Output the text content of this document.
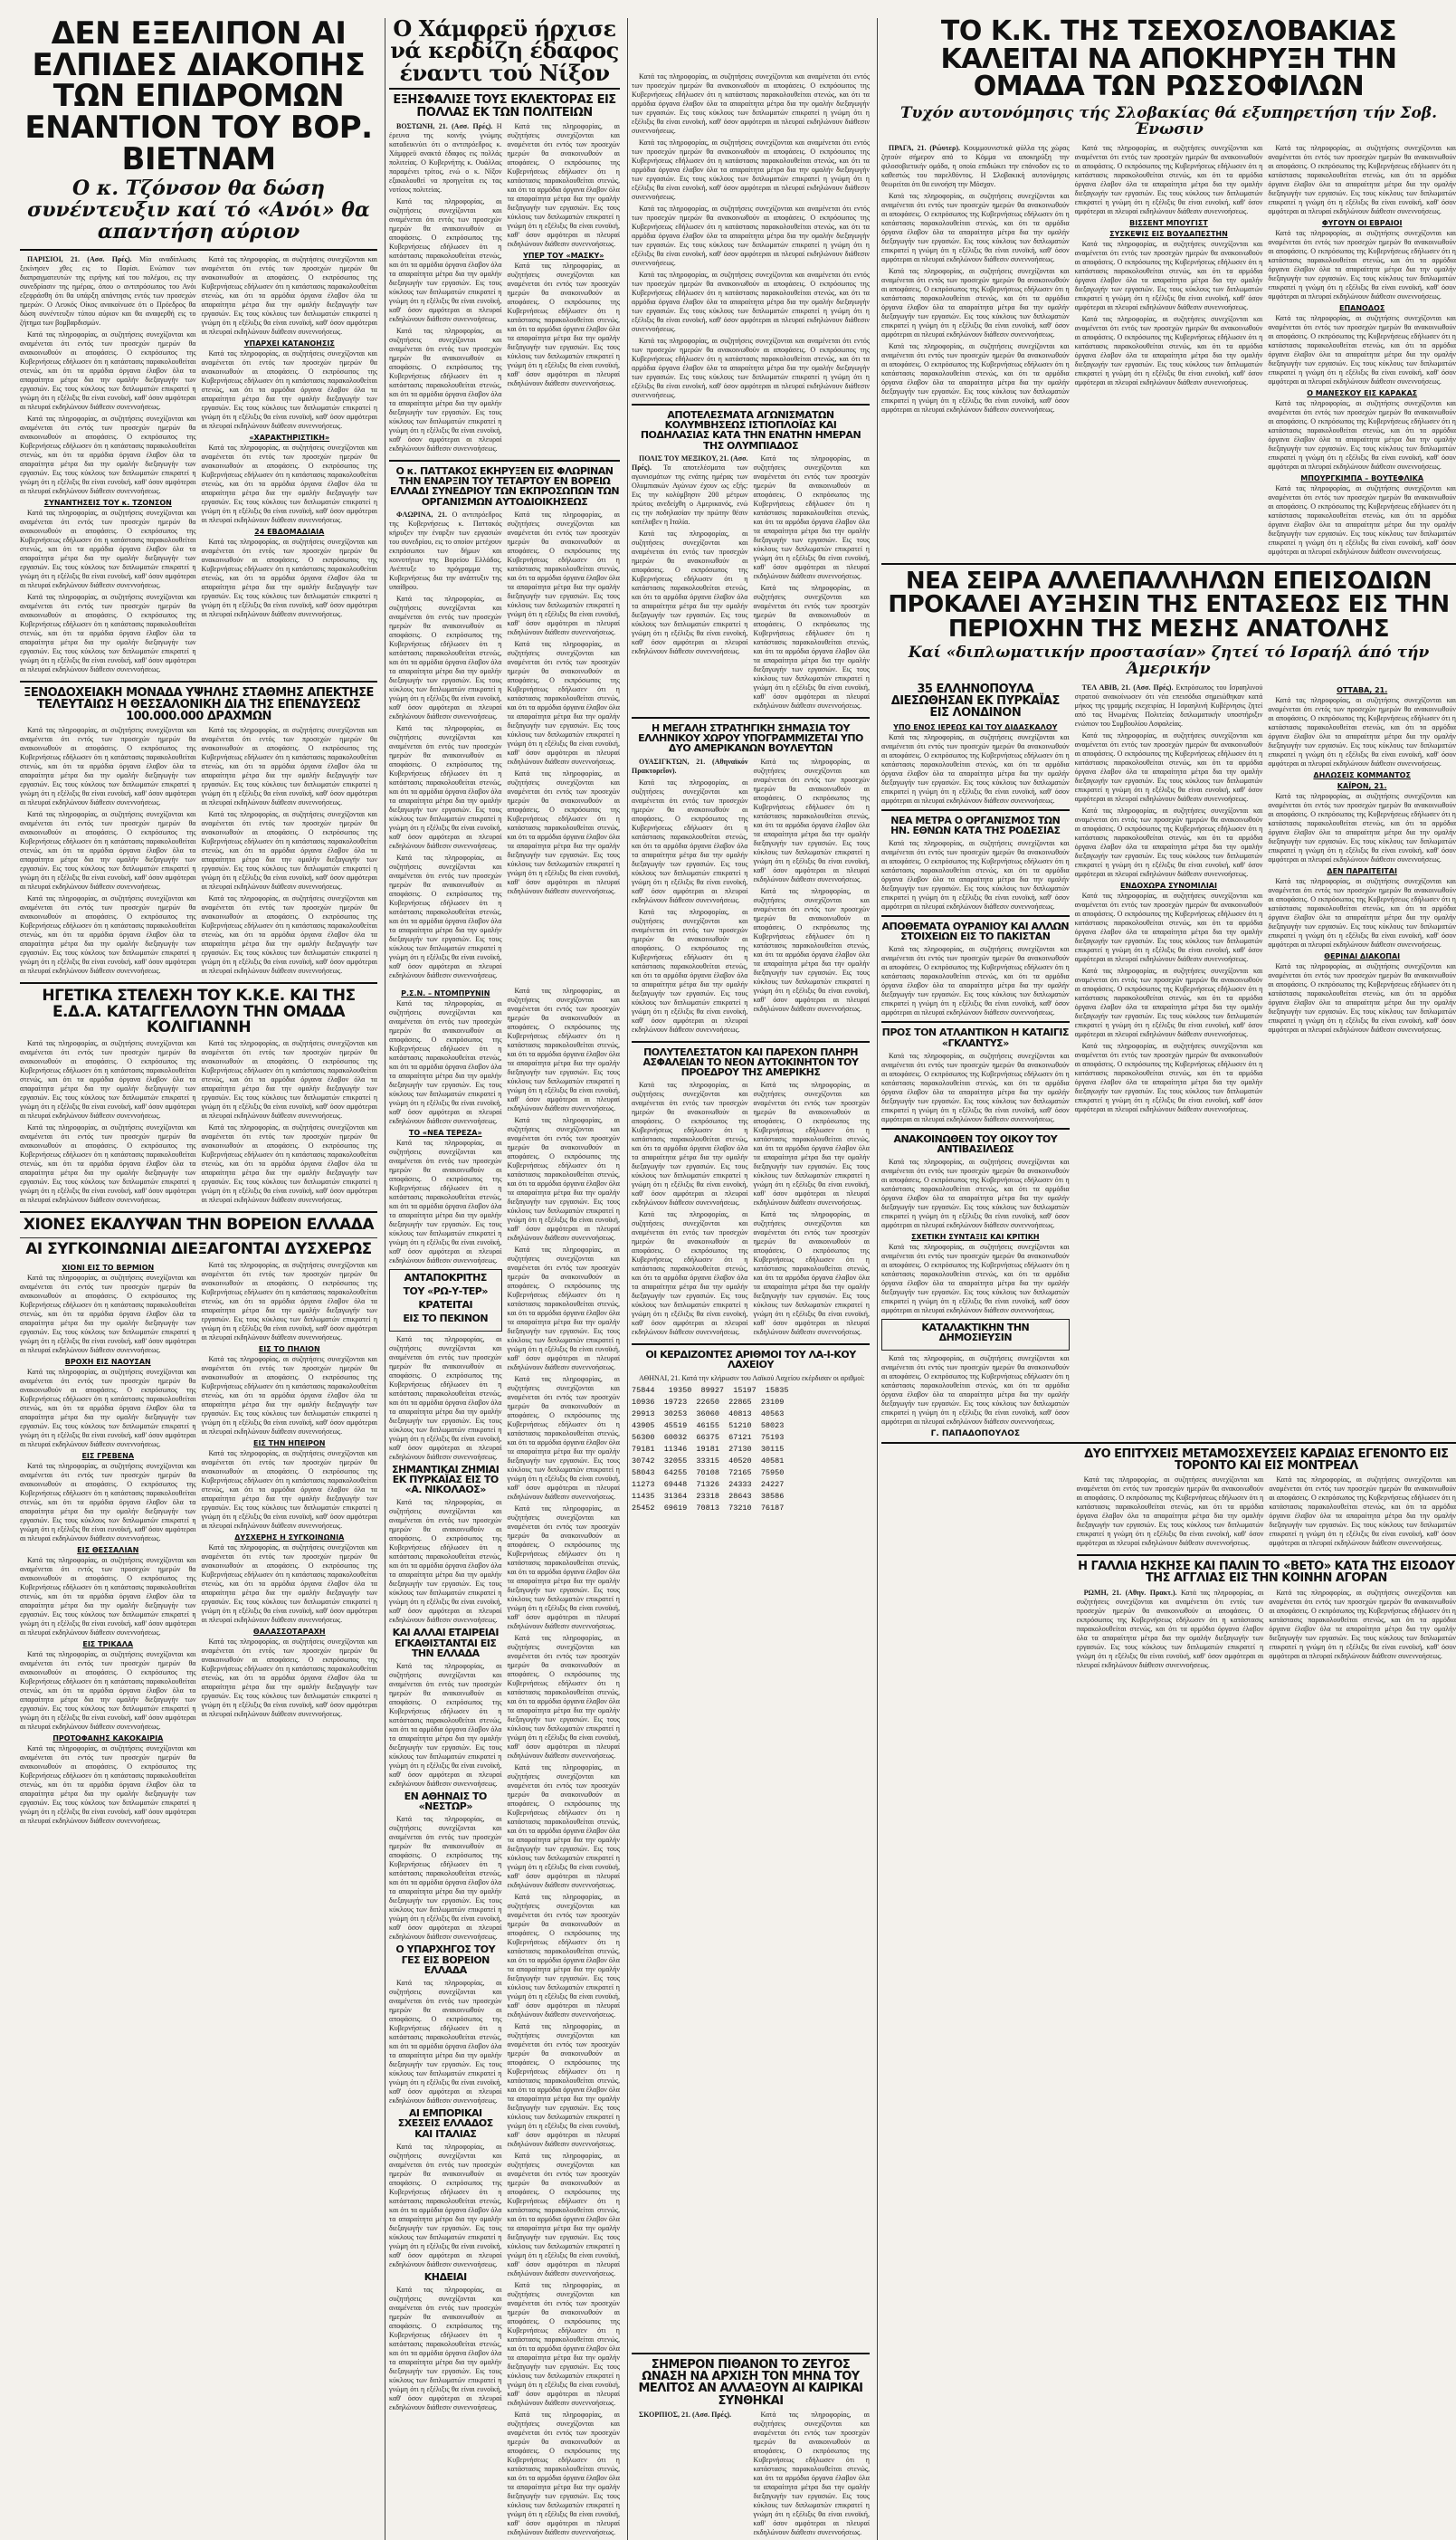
ΔΕΝ ΕΞΕΛΙΠΟΝ ΑΙ ΕΛΠΙΔΕΣ ΔΙΑΚΟΠΗΣ ΤΩΝ ΕΠΙΔΡΟΜΩΝ ΕΝΑΝΤΙΟΝ ΤΟΥ ΒΟΡ. ΒΙΕΤΝΑΜ
Ο κ. Τζόνσον θα δώση συνέντευξιν καί τό «Ανόι» θα απαντήση αύριον

ΠΑΡΙΣΙΟΙ, 21. (Ασσ. Πρές). Μία αναδίπλωσις ξεκίνησεν χθες εις το Παρίσι. Ενώπιον των διαπραγματευτών της ειρήνης καί του πολέμου, εις την συνεδρίασιν της ημέρας, όπου ο αντιπρόσωπος του Ανόι εξεφράσθη ότι θα υπάρξη απάντησις εντός των προσεχών ημερών. Ο Λευκός Οίκος ανακοίνωσε ότι ο Πρόεδρος θα δώση συνέντευξιν τύπου αύριον και θα αναφερθή εις το ζήτημα των βομβαρδισμών.

Κατά τας πληροφορίας, αι συζητήσεις συνεχίζονται και αναμένεται ότι εντός των προσεχών ημερών θα ανακοινωθούν αι αποφάσεις. Ο εκπρόσωπος της Κυβερνήσεως εδήλωσεν ότι η κατάστασις παρακολουθείται στενώς, και ότι τα αρμόδια όργανα έλαβον όλα τα απαραίτητα μέτρα δια την ομαλήν διεξαγωγήν των εργασιών. Εις τους κύκλους των διπλωματών επικρατεί η γνώμη ότι η εξέλιξις θα είναι ευνοϊκή, καθ' όσον αμφότεραι αι πλευραί εκδηλώνουν διάθεσιν συνεννοήσεως.

Κατά τας πληροφορίας, αι συζητήσεις συνεχίζονται και αναμένεται ότι εντός των προσεχών ημερών θα ανακοινωθούν αι αποφάσεις. Ο εκπρόσωπος της Κυβερνήσεως εδήλωσεν ότι η κατάστασις παρακολουθείται στενώς, και ότι τα αρμόδια όργανα έλαβον όλα τα απαραίτητα μέτρα δια την ομαλήν διεξαγωγήν των εργασιών. Εις τους κύκλους των διπλωματών επικρατεί η γνώμη ότι η εξέλιξις θα είναι ευνοϊκή, καθ' όσον αμφότεραι αι πλευραί εκδηλώνουν διάθεσιν συνεννοήσεως.

ΣΥΝΑΝΤΗΣΕΙΣ ΤΟΥ κ. ΤΖΟΝΣΟΝ

Κατά τας πληροφορίας, αι συζητήσεις συνεχίζονται και αναμένεται ότι εντός των προσεχών ημερών θα ανακοινωθούν αι αποφάσεις. Ο εκπρόσωπος της Κυβερνήσεως εδήλωσεν ότι η κατάστασις παρακολουθείται στενώς, και ότι τα αρμόδια όργανα έλαβον όλα τα απαραίτητα μέτρα δια την ομαλήν διεξαγωγήν των εργασιών. Εις τους κύκλους των διπλωματών επικρατεί η γνώμη ότι η εξέλιξις θα είναι ευνοϊκή, καθ' όσον αμφότεραι αι πλευραί εκδηλώνουν διάθεσιν συνεννοήσεως.

Κατά τας πληροφορίας, αι συζητήσεις συνεχίζονται και αναμένεται ότι εντός των προσεχών ημερών θα ανακοινωθούν αι αποφάσεις. Ο εκπρόσωπος της Κυβερνήσεως εδήλωσεν ότι η κατάστασις παρακολουθείται στενώς, και ότι τα αρμόδια όργανα έλαβον όλα τα απαραίτητα μέτρα δια την ομαλήν διεξαγωγήν των εργασιών. Εις τους κύκλους των διπλωματών επικρατεί η γνώμη ότι η εξέλιξις θα είναι ευνοϊκή, καθ' όσον αμφότεραι αι πλευραί εκδηλώνουν διάθεσιν συνεννοήσεως.

Κατά τας πληροφορίας, αι συζητήσεις συνεχίζονται και αναμένεται ότι εντός των προσεχών ημερών θα ανακοινωθούν αι αποφάσεις. Ο εκπρόσωπος της Κυβερνήσεως εδήλωσεν ότι η κατάστασις παρακολουθείται στενώς, και ότι τα αρμόδια όργανα έλαβον όλα τα απαραίτητα μέτρα δια την ομαλήν διεξαγωγήν των εργασιών. Εις τους κύκλους των διπλωματών επικρατεί η γνώμη ότι η εξέλιξις θα είναι ευνοϊκή, καθ' όσον αμφότεραι αι πλευραί εκδηλώνουν διάθεσιν συνεννοήσεως.

ΥΠΑΡΧΕΙ ΚΑΤΑΝΟΗΣΙΣ

Κατά τας πληροφορίας, αι συζητήσεις συνεχίζονται και αναμένεται ότι εντός των προσεχών ημερών θα ανακοινωθούν αι αποφάσεις. Ο εκπρόσωπος της Κυβερνήσεως εδήλωσεν ότι η κατάστασις παρακολουθείται στενώς, και ότι τα αρμόδια όργανα έλαβον όλα τα απαραίτητα μέτρα δια την ομαλήν διεξαγωγήν των εργασιών. Εις τους κύκλους των διπλωματών επικρατεί η γνώμη ότι η εξέλιξις θα είναι ευνοϊκή, καθ' όσον αμφότεραι αι πλευραί εκδηλώνουν διάθεσιν συνεννοήσεως.

«ΧΑΡΑΚΤΗΡΙΣΤΙΚΗ»

Κατά τας πληροφορίας, αι συζητήσεις συνεχίζονται και αναμένεται ότι εντός των προσεχών ημερών θα ανακοινωθούν αι αποφάσεις. Ο εκπρόσωπος της Κυβερνήσεως εδήλωσεν ότι η κατάστασις παρακολουθείται στενώς, και ότι τα αρμόδια όργανα έλαβον όλα τα απαραίτητα μέτρα δια την ομαλήν διεξαγωγήν των εργασιών. Εις τους κύκλους των διπλωματών επικρατεί η γνώμη ότι η εξέλιξις θα είναι ευνοϊκή, καθ' όσον αμφότεραι αι πλευραί εκδηλώνουν διάθεσιν συνεννοήσεως.

24 ΕΒΔΟΜΑΔΙΑΙΑ

Κατά τας πληροφορίας, αι συζητήσεις συνεχίζονται και αναμένεται ότι εντός των προσεχών ημερών θα ανακοινωθούν αι αποφάσεις. Ο εκπρόσωπος της Κυβερνήσεως εδήλωσεν ότι η κατάστασις παρακολουθείται στενώς, και ότι τα αρμόδια όργανα έλαβον όλα τα απαραίτητα μέτρα δια την ομαλήν διεξαγωγήν των εργασιών. Εις τους κύκλους των διπλωματών επικρατεί η γνώμη ότι η εξέλιξις θα είναι ευνοϊκή, καθ' όσον αμφότεραι αι πλευραί εκδηλώνουν διάθεσιν συνεννοήσεως.

ΞΕΝΟΔΟΧΕΙΑΚΗ ΜΟΝΑΔΑ ΥΨΗΛΗΣ ΣΤΑΘΜΗΣ ΑΠΕΚΤΗΣΕ ΤΕΛΕΥΤΑΙΩΣ Η ΘΕΣΣΑΛΟΝΙΚΗ ΔΙΑ ΤΗΣ ΕΠΕΝΔΥΣΕΩΣ 100.000.000 ΔΡΑΧΜΩΝ

Κατά τας πληροφορίας, αι συζητήσεις συνεχίζονται και αναμένεται ότι εντός των προσεχών ημερών θα ανακοινωθούν αι αποφάσεις. Ο εκπρόσωπος της Κυβερνήσεως εδήλωσεν ότι η κατάστασις παρακολουθείται στενώς, και ότι τα αρμόδια όργανα έλαβον όλα τα απαραίτητα μέτρα δια την ομαλήν διεξαγωγήν των εργασιών. Εις τους κύκλους των διπλωματών επικρατεί η γνώμη ότι η εξέλιξις θα είναι ευνοϊκή, καθ' όσον αμφότεραι αι πλευραί εκδηλώνουν διάθεσιν συνεννοήσεως.

Κατά τας πληροφορίας, αι συζητήσεις συνεχίζονται και αναμένεται ότι εντός των προσεχών ημερών θα ανακοινωθούν αι αποφάσεις. Ο εκπρόσωπος της Κυβερνήσεως εδήλωσεν ότι η κατάστασις παρακολουθείται στενώς, και ότι τα αρμόδια όργανα έλαβον όλα τα απαραίτητα μέτρα δια την ομαλήν διεξαγωγήν των εργασιών. Εις τους κύκλους των διπλωματών επικρατεί η γνώμη ότι η εξέλιξις θα είναι ευνοϊκή, καθ' όσον αμφότεραι αι πλευραί εκδηλώνουν διάθεσιν συνεννοήσεως.

Κατά τας πληροφορίας, αι συζητήσεις συνεχίζονται και αναμένεται ότι εντός των προσεχών ημερών θα ανακοινωθούν αι αποφάσεις. Ο εκπρόσωπος της Κυβερνήσεως εδήλωσεν ότι η κατάστασις παρακολουθείται στενώς, και ότι τα αρμόδια όργανα έλαβον όλα τα απαραίτητα μέτρα δια την ομαλήν διεξαγωγήν των εργασιών. Εις τους κύκλους των διπλωματών επικρατεί η γνώμη ότι η εξέλιξις θα είναι ευνοϊκή, καθ' όσον αμφότεραι αι πλευραί εκδηλώνουν διάθεσιν συνεννοήσεως.

Κατά τας πληροφορίας, αι συζητήσεις συνεχίζονται και αναμένεται ότι εντός των προσεχών ημερών θα ανακοινωθούν αι αποφάσεις. Ο εκπρόσωπος της Κυβερνήσεως εδήλωσεν ότι η κατάστασις παρακολουθείται στενώς, και ότι τα αρμόδια όργανα έλαβον όλα τα απαραίτητα μέτρα δια την ομαλήν διεξαγωγήν των εργασιών. Εις τους κύκλους των διπλωματών επικρατεί η γνώμη ότι η εξέλιξις θα είναι ευνοϊκή, καθ' όσον αμφότεραι αι πλευραί εκδηλώνουν διάθεσιν συνεννοήσεως.

Κατά τας πληροφορίας, αι συζητήσεις συνεχίζονται και αναμένεται ότι εντός των προσεχών ημερών θα ανακοινωθούν αι αποφάσεις. Ο εκπρόσωπος της Κυβερνήσεως εδήλωσεν ότι η κατάστασις παρακολουθείται στενώς, και ότι τα αρμόδια όργανα έλαβον όλα τα απαραίτητα μέτρα δια την ομαλήν διεξαγωγήν των εργασιών. Εις τους κύκλους των διπλωματών επικρατεί η γνώμη ότι η εξέλιξις θα είναι ευνοϊκή, καθ' όσον αμφότεραι αι πλευραί εκδηλώνουν διάθεσιν συνεννοήσεως.

Κατά τας πληροφορίας, αι συζητήσεις συνεχίζονται και αναμένεται ότι εντός των προσεχών ημερών θα ανακοινωθούν αι αποφάσεις. Ο εκπρόσωπος της Κυβερνήσεως εδήλωσεν ότι η κατάστασις παρακολουθείται στενώς, και ότι τα αρμόδια όργανα έλαβον όλα τα απαραίτητα μέτρα δια την ομαλήν διεξαγωγήν των εργασιών. Εις τους κύκλους των διπλωματών επικρατεί η γνώμη ότι η εξέλιξις θα είναι ευνοϊκή, καθ' όσον αμφότεραι αι πλευραί εκδηλώνουν διάθεσιν συνεννοήσεως.

ΗΓΕΤΙΚΑ ΣΤΕΛΕΧΗ ΤΟΥ Κ.Κ.Ε. ΚΑΙ ΤΗΣ Ε.Δ.Α. ΚΑΤΑΓΓΕΛΛΟΥΝ ΤΗΝ ΟΜΑΔΑ ΚΟΛΙΓΙΑΝΝΗ

Κατά τας πληροφορίας, αι συζητήσεις συνεχίζονται και αναμένεται ότι εντός των προσεχών ημερών θα ανακοινωθούν αι αποφάσεις. Ο εκπρόσωπος της Κυβερνήσεως εδήλωσεν ότι η κατάστασις παρακολουθείται στενώς, και ότι τα αρμόδια όργανα έλαβον όλα τα απαραίτητα μέτρα δια την ομαλήν διεξαγωγήν των εργασιών. Εις τους κύκλους των διπλωματών επικρατεί η γνώμη ότι η εξέλιξις θα είναι ευνοϊκή, καθ' όσον αμφότεραι αι πλευραί εκδηλώνουν διάθεσιν συνεννοήσεως.

Κατά τας πληροφορίας, αι συζητήσεις συνεχίζονται και αναμένεται ότι εντός των προσεχών ημερών θα ανακοινωθούν αι αποφάσεις. Ο εκπρόσωπος της Κυβερνήσεως εδήλωσεν ότι η κατάστασις παρακολουθείται στενώς, και ότι τα αρμόδια όργανα έλαβον όλα τα απαραίτητα μέτρα δια την ομαλήν διεξαγωγήν των εργασιών. Εις τους κύκλους των διπλωματών επικρατεί η γνώμη ότι η εξέλιξις θα είναι ευνοϊκή, καθ' όσον αμφότεραι αι πλευραί εκδηλώνουν διάθεσιν συνεννοήσεως.

Κατά τας πληροφορίας, αι συζητήσεις συνεχίζονται και αναμένεται ότι εντός των προσεχών ημερών θα ανακοινωθούν αι αποφάσεις. Ο εκπρόσωπος της Κυβερνήσεως εδήλωσεν ότι η κατάστασις παρακολουθείται στενώς, και ότι τα αρμόδια όργανα έλαβον όλα τα απαραίτητα μέτρα δια την ομαλήν διεξαγωγήν των εργασιών. Εις τους κύκλους των διπλωματών επικρατεί η γνώμη ότι η εξέλιξις θα είναι ευνοϊκή, καθ' όσον αμφότεραι αι πλευραί εκδηλώνουν διάθεσιν συνεννοήσεως.

Κατά τας πληροφορίας, αι συζητήσεις συνεχίζονται και αναμένεται ότι εντός των προσεχών ημερών θα ανακοινωθούν αι αποφάσεις. Ο εκπρόσωπος της Κυβερνήσεως εδήλωσεν ότι η κατάστασις παρακολουθείται στενώς, και ότι τα αρμόδια όργανα έλαβον όλα τα απαραίτητα μέτρα δια την ομαλήν διεξαγωγήν των εργασιών. Εις τους κύκλους των διπλωματών επικρατεί η γνώμη ότι η εξέλιξις θα είναι ευνοϊκή, καθ' όσον αμφότεραι αι πλευραί εκδηλώνουν διάθεσιν συνεννοήσεως.

ΧΙΟΝΕΣ ΕΚΑΛΥΨΑΝ ΤΗΝ ΒΟΡΕΙΟΝ ΕΛΛΑΔΑ
ΑΙ ΣΥΓΚΟΙΝΩΝΙΑΙ ΔΙΕΞΑΓΟΝΤΑΙ ΔΥΣΧΕΡΩΣ
ΧΙΟΝΙ ΕΙΣ ΤΟ ΒΕΡΜΙΟΝ

Κατά τας πληροφορίας, αι συζητήσεις συνεχίζονται και αναμένεται ότι εντός των προσεχών ημερών θα ανακοινωθούν αι αποφάσεις. Ο εκπρόσωπος της Κυβερνήσεως εδήλωσεν ότι η κατάστασις παρακολουθείται στενώς, και ότι τα αρμόδια όργανα έλαβον όλα τα απαραίτητα μέτρα δια την ομαλήν διεξαγωγήν των εργασιών. Εις τους κύκλους των διπλωματών επικρατεί η γνώμη ότι η εξέλιξις θα είναι ευνοϊκή, καθ' όσον αμφότεραι αι πλευραί εκδηλώνουν διάθεσιν συνεννοήσεως.

ΒΡΟΧΗ ΕΙΣ ΝΑΟΥΣΑΝ

Κατά τας πληροφορίας, αι συζητήσεις συνεχίζονται και αναμένεται ότι εντός των προσεχών ημερών θα ανακοινωθούν αι αποφάσεις. Ο εκπρόσωπος της Κυβερνήσεως εδήλωσεν ότι η κατάστασις παρακολουθείται στενώς, και ότι τα αρμόδια όργανα έλαβον όλα τα απαραίτητα μέτρα δια την ομαλήν διεξαγωγήν των εργασιών. Εις τους κύκλους των διπλωματών επικρατεί η γνώμη ότι η εξέλιξις θα είναι ευνοϊκή, καθ' όσον αμφότεραι αι πλευραί εκδηλώνουν διάθεσιν συνεννοήσεως.

ΕΙΣ ΓΡΕΒΕΝΑ

Κατά τας πληροφορίας, αι συζητήσεις συνεχίζονται και αναμένεται ότι εντός των προσεχών ημερών θα ανακοινωθούν αι αποφάσεις. Ο εκπρόσωπος της Κυβερνήσεως εδήλωσεν ότι η κατάστασις παρακολουθείται στενώς, και ότι τα αρμόδια όργανα έλαβον όλα τα απαραίτητα μέτρα δια την ομαλήν διεξαγωγήν των εργασιών. Εις τους κύκλους των διπλωματών επικρατεί η γνώμη ότι η εξέλιξις θα είναι ευνοϊκή, καθ' όσον αμφότεραι αι πλευραί εκδηλώνουν διάθεσιν συνεννοήσεως.

ΕΙΣ ΘΕΣΣΑΛΙΑΝ

Κατά τας πληροφορίας, αι συζητήσεις συνεχίζονται και αναμένεται ότι εντός των προσεχών ημερών θα ανακοινωθούν αι αποφάσεις. Ο εκπρόσωπος της Κυβερνήσεως εδήλωσεν ότι η κατάστασις παρακολουθείται στενώς, και ότι τα αρμόδια όργανα έλαβον όλα τα απαραίτητα μέτρα δια την ομαλήν διεξαγωγήν των εργασιών. Εις τους κύκλους των διπλωματών επικρατεί η γνώμη ότι η εξέλιξις θα είναι ευνοϊκή, καθ' όσον αμφότεραι αι πλευραί εκδηλώνουν διάθεσιν συνεννοήσεως.

ΕΙΣ ΤΡΙΚΑΛΑ

Κατά τας πληροφορίας, αι συζητήσεις συνεχίζονται και αναμένεται ότι εντός των προσεχών ημερών θα ανακοινωθούν αι αποφάσεις. Ο εκπρόσωπος της Κυβερνήσεως εδήλωσεν ότι η κατάστασις παρακολουθείται στενώς, και ότι τα αρμόδια όργανα έλαβον όλα τα απαραίτητα μέτρα δια την ομαλήν διεξαγωγήν των εργασιών. Εις τους κύκλους των διπλωματών επικρατεί η γνώμη ότι η εξέλιξις θα είναι ευνοϊκή, καθ' όσον αμφότεραι αι πλευραί εκδηλώνουν διάθεσιν συνεννοήσεως.

ΠΡΟΤΟΦΑΝΗΣ ΚΑΚΟΚΑΙΡΙΑ

Κατά τας πληροφορίας, αι συζητήσεις συνεχίζονται και αναμένεται ότι εντός των προσεχών ημερών θα ανακοινωθούν αι αποφάσεις. Ο εκπρόσωπος της Κυβερνήσεως εδήλωσεν ότι η κατάστασις παρακολουθείται στενώς, και ότι τα αρμόδια όργανα έλαβον όλα τα απαραίτητα μέτρα δια την ομαλήν διεξαγωγήν των εργασιών. Εις τους κύκλους των διπλωματών επικρατεί η γνώμη ότι η εξέλιξις θα είναι ευνοϊκή, καθ' όσον αμφότεραι αι πλευραί εκδηλώνουν διάθεσιν συνεννοήσεως.

Κατά τας πληροφορίας, αι συζητήσεις συνεχίζονται και αναμένεται ότι εντός των προσεχών ημερών θα ανακοινωθούν αι αποφάσεις. Ο εκπρόσωπος της Κυβερνήσεως εδήλωσεν ότι η κατάστασις παρακολουθείται στενώς, και ότι τα αρμόδια όργανα έλαβον όλα τα απαραίτητα μέτρα δια την ομαλήν διεξαγωγήν των εργασιών. Εις τους κύκλους των διπλωματών επικρατεί η γνώμη ότι η εξέλιξις θα είναι ευνοϊκή, καθ' όσον αμφότεραι αι πλευραί εκδηλώνουν διάθεσιν συνεννοήσεως.

ΕΙΣ ΤΟ ΠΗΛΙΟΝ

Κατά τας πληροφορίας, αι συζητήσεις συνεχίζονται και αναμένεται ότι εντός των προσεχών ημερών θα ανακοινωθούν αι αποφάσεις. Ο εκπρόσωπος της Κυβερνήσεως εδήλωσεν ότι η κατάστασις παρακολουθείται στενώς, και ότι τα αρμόδια όργανα έλαβον όλα τα απαραίτητα μέτρα δια την ομαλήν διεξαγωγήν των εργασιών. Εις τους κύκλους των διπλωματών επικρατεί η γνώμη ότι η εξέλιξις θα είναι ευνοϊκή, καθ' όσον αμφότεραι αι πλευραί εκδηλώνουν διάθεσιν συνεννοήσεως.

ΕΙΣ ΤΗΝ ΗΠΕΙΡΟΝ

Κατά τας πληροφορίας, αι συζητήσεις συνεχίζονται και αναμένεται ότι εντός των προσεχών ημερών θα ανακοινωθούν αι αποφάσεις. Ο εκπρόσωπος της Κυβερνήσεως εδήλωσεν ότι η κατάστασις παρακολουθείται στενώς, και ότι τα αρμόδια όργανα έλαβον όλα τα απαραίτητα μέτρα δια την ομαλήν διεξαγωγήν των εργασιών. Εις τους κύκλους των διπλωματών επικρατεί η γνώμη ότι η εξέλιξις θα είναι ευνοϊκή, καθ' όσον αμφότεραι αι πλευραί εκδηλώνουν διάθεσιν συνεννοήσεως.

ΔΥΣΧΕΡΗΣ Η ΣΥΓΚΟΙΝΩΝΙΑ

Κατά τας πληροφορίας, αι συζητήσεις συνεχίζονται και αναμένεται ότι εντός των προσεχών ημερών θα ανακοινωθούν αι αποφάσεις. Ο εκπρόσωπος της Κυβερνήσεως εδήλωσεν ότι η κατάστασις παρακολουθείται στενώς, και ότι τα αρμόδια όργανα έλαβον όλα τα απαραίτητα μέτρα δια την ομαλήν διεξαγωγήν των εργασιών. Εις τους κύκλους των διπλωματών επικρατεί η γνώμη ότι η εξέλιξις θα είναι ευνοϊκή, καθ' όσον αμφότεραι αι πλευραί εκδηλώνουν διάθεσιν συνεννοήσεως.

ΘΑΛΑΣΣΟΤΑΡΑΧΗ

Κατά τας πληροφορίας, αι συζητήσεις συνεχίζονται και αναμένεται ότι εντός των προσεχών ημερών θα ανακοινωθούν αι αποφάσεις. Ο εκπρόσωπος της Κυβερνήσεως εδήλωσεν ότι η κατάστασις παρακολουθείται στενώς, και ότι τα αρμόδια όργανα έλαβον όλα τα απαραίτητα μέτρα δια την ομαλήν διεξαγωγήν των εργασιών. Εις τους κύκλους των διπλωματών επικρατεί η γνώμη ότι η εξέλιξις θα είναι ευνοϊκή, καθ' όσον αμφότεραι αι πλευραί εκδηλώνουν διάθεσιν συνεννοήσεως.

Ο Χάμφρεϋ ήρχισε νά κερδίζη έδαφος έναντι τού Νίξον
ΕΞΗΣΦΑΛΙΣΕ ΤΟΥΣ ΕΚΛΕΚΤΟΡΑΣ ΕΙΣ ΠΟΛΛΑΣ ΕΚ ΤΩΝ ΠΟΛΙΤΕΙΩΝ

ΒΟΣΤΩΝΗ, 21. (Ασσ. Πρές). Η έρευνα της κοινής γνώμης καταδεικνύει ότι ο αντιπρόεδρος κ. Χάμφρεϋ ανακτά έδαφος εις πολλάς πολιτείας. Ο Κυβερνήτης κ. Ουάλλας παραμένει τρίτος, ενώ ο κ. Νίξον εξακολουθεί να προηγείται εις τας νοτίους πολιτείας.

Κατά τας πληροφορίας, αι συζητήσεις συνεχίζονται και αναμένεται ότι εντός των προσεχών ημερών θα ανακοινωθούν αι αποφάσεις. Ο εκπρόσωπος της Κυβερνήσεως εδήλωσεν ότι η κατάστασις παρακολουθείται στενώς, και ότι τα αρμόδια όργανα έλαβον όλα τα απαραίτητα μέτρα δια την ομαλήν διεξαγωγήν των εργασιών. Εις τους κύκλους των διπλωματών επικρατεί η γνώμη ότι η εξέλιξις θα είναι ευνοϊκή, καθ' όσον αμφότεραι αι πλευραί εκδηλώνουν διάθεσιν συνεννοήσεως.

Κατά τας πληροφορίας, αι συζητήσεις συνεχίζονται και αναμένεται ότι εντός των προσεχών ημερών θα ανακοινωθούν αι αποφάσεις. Ο εκπρόσωπος της Κυβερνήσεως εδήλωσεν ότι η κατάστασις παρακολουθείται στενώς, και ότι τα αρμόδια όργανα έλαβον όλα τα απαραίτητα μέτρα δια την ομαλήν διεξαγωγήν των εργασιών. Εις τους κύκλους των διπλωματών επικρατεί η γνώμη ότι η εξέλιξις θα είναι ευνοϊκή, καθ' όσον αμφότεραι αι πλευραί εκδηλώνουν διάθεσιν συνεννοήσεως.

Κατά τας πληροφορίας, αι συζητήσεις συνεχίζονται και αναμένεται ότι εντός των προσεχών ημερών θα ανακοινωθούν αι αποφάσεις. Ο εκπρόσωπος της Κυβερνήσεως εδήλωσεν ότι η κατάστασις παρακολουθείται στενώς, και ότι τα αρμόδια όργανα έλαβον όλα τα απαραίτητα μέτρα δια την ομαλήν διεξαγωγήν των εργασιών. Εις τους κύκλους των διπλωματών επικρατεί η γνώμη ότι η εξέλιξις θα είναι ευνοϊκή, καθ' όσον αμφότεραι αι πλευραί εκδηλώνουν διάθεσιν συνεννοήσεως.

ΥΠΕΡ ΤΟΥ «ΜΑΣΚΥ»

Κατά τας πληροφορίας, αι συζητήσεις συνεχίζονται και αναμένεται ότι εντός των προσεχών ημερών θα ανακοινωθούν αι αποφάσεις. Ο εκπρόσωπος της Κυβερνήσεως εδήλωσεν ότι η κατάστασις παρακολουθείται στενώς, και ότι τα αρμόδια όργανα έλαβον όλα τα απαραίτητα μέτρα δια την ομαλήν διεξαγωγήν των εργασιών. Εις τους κύκλους των διπλωματών επικρατεί η γνώμη ότι η εξέλιξις θα είναι ευνοϊκή, καθ' όσον αμφότεραι αι πλευραί εκδηλώνουν διάθεσιν συνεννοήσεως.

Ο κ. ΠΑΤΤΑΚΟΣ ΕΚΗΡΥΞΕΝ ΕΙΣ ΦΛΩΡΙΝΑΝ ΤΗΝ ΕΝΑΡΞΙΝ ΤΟΥ ΤΕΤΑΡΤΟΥ ΕΝ ΒΟΡΕΙΩ ΕΛΛΑΔΙ ΣΥΝΕΔΡΙΟΥ ΤΩΝ ΕΚΠΡΟΣΩΠΩΝ ΤΩΝ ΟΡΓΑΝΙΣΜΩΝ ΑΥΤΟΔΙΟΙΚΗΣΕΩΣ

ΦΛΩΡΙΝΑ, 21. Ο αντιπρόεδρος της Κυβερνήσεως κ. Παττακός κήρυξεν την έναρξιν των εργασιών του συνεδρίου, εις το οποίον μετέχουν εκπρόσωποι των δήμων και κοινοτήτων της Βορείου Ελλάδος. Ανέπτυξε το πρόγραμμα της Κυβερνήσεως δια την ανάπτυξιν της υπαίθρου.

Κατά τας πληροφορίας, αι συζητήσεις συνεχίζονται και αναμένεται ότι εντός των προσεχών ημερών θα ανακοινωθούν αι αποφάσεις. Ο εκπρόσωπος της Κυβερνήσεως εδήλωσεν ότι η κατάστασις παρακολουθείται στενώς, και ότι τα αρμόδια όργανα έλαβον όλα τα απαραίτητα μέτρα δια την ομαλήν διεξαγωγήν των εργασιών. Εις τους κύκλους των διπλωματών επικρατεί η γνώμη ότι η εξέλιξις θα είναι ευνοϊκή, καθ' όσον αμφότεραι αι πλευραί εκδηλώνουν διάθεσιν συνεννοήσεως.

Κατά τας πληροφορίας, αι συζητήσεις συνεχίζονται και αναμένεται ότι εντός των προσεχών ημερών θα ανακοινωθούν αι αποφάσεις. Ο εκπρόσωπος της Κυβερνήσεως εδήλωσεν ότι η κατάστασις παρακολουθείται στενώς, και ότι τα αρμόδια όργανα έλαβον όλα τα απαραίτητα μέτρα δια την ομαλήν διεξαγωγήν των εργασιών. Εις τους κύκλους των διπλωματών επικρατεί η γνώμη ότι η εξέλιξις θα είναι ευνοϊκή, καθ' όσον αμφότεραι αι πλευραί εκδηλώνουν διάθεσιν συνεννοήσεως.

Κατά τας πληροφορίας, αι συζητήσεις συνεχίζονται και αναμένεται ότι εντός των προσεχών ημερών θα ανακοινωθούν αι αποφάσεις. Ο εκπρόσωπος της Κυβερνήσεως εδήλωσεν ότι η κατάστασις παρακολουθείται στενώς, και ότι τα αρμόδια όργανα έλαβον όλα τα απαραίτητα μέτρα δια την ομαλήν διεξαγωγήν των εργασιών. Εις τους κύκλους των διπλωματών επικρατεί η γνώμη ότι η εξέλιξις θα είναι ευνοϊκή, καθ' όσον αμφότεραι αι πλευραί εκδηλώνουν διάθεσιν συνεννοήσεως.

Κατά τας πληροφορίας, αι συζητήσεις συνεχίζονται και αναμένεται ότι εντός των προσεχών ημερών θα ανακοινωθούν αι αποφάσεις. Ο εκπρόσωπος της Κυβερνήσεως εδήλωσεν ότι η κατάστασις παρακολουθείται στενώς, και ότι τα αρμόδια όργανα έλαβον όλα τα απαραίτητα μέτρα δια την ομαλήν διεξαγωγήν των εργασιών. Εις τους κύκλους των διπλωματών επικρατεί η γνώμη ότι η εξέλιξις θα είναι ευνοϊκή, καθ' όσον αμφότεραι αι πλευραί εκδηλώνουν διάθεσιν συνεννοήσεως.

Κατά τας πληροφορίας, αι συζητήσεις συνεχίζονται και αναμένεται ότι εντός των προσεχών ημερών θα ανακοινωθούν αι αποφάσεις. Ο εκπρόσωπος της Κυβερνήσεως εδήλωσεν ότι η κατάστασις παρακολουθείται στενώς, και ότι τα αρμόδια όργανα έλαβον όλα τα απαραίτητα μέτρα δια την ομαλήν διεξαγωγήν των εργασιών. Εις τους κύκλους των διπλωματών επικρατεί η γνώμη ότι η εξέλιξις θα είναι ευνοϊκή, καθ' όσον αμφότεραι αι πλευραί εκδηλώνουν διάθεσιν συνεννοήσεως.

Κατά τας πληροφορίας, αι συζητήσεις συνεχίζονται και αναμένεται ότι εντός των προσεχών ημερών θα ανακοινωθούν αι αποφάσεις. Ο εκπρόσωπος της Κυβερνήσεως εδήλωσεν ότι η κατάστασις παρακολουθείται στενώς, και ότι τα αρμόδια όργανα έλαβον όλα τα απαραίτητα μέτρα δια την ομαλήν διεξαγωγήν των εργασιών. Εις τους κύκλους των διπλωματών επικρατεί η γνώμη ότι η εξέλιξις θα είναι ευνοϊκή, καθ' όσον αμφότεραι αι πλευραί εκδηλώνουν διάθεσιν συνεννοήσεως.

Ρ.Σ.Ν. – ΝΤΟΜΠΡΥΝΙΝ

Κατά τας πληροφορίας, αι συζητήσεις συνεχίζονται και αναμένεται ότι εντός των προσεχών ημερών θα ανακοινωθούν αι αποφάσεις. Ο εκπρόσωπος της Κυβερνήσεως εδήλωσεν ότι η κατάστασις παρακολουθείται στενώς, και ότι τα αρμόδια όργανα έλαβον όλα τα απαραίτητα μέτρα δια την ομαλήν διεξαγωγήν των εργασιών. Εις τους κύκλους των διπλωματών επικρατεί η γνώμη ότι η εξέλιξις θα είναι ευνοϊκή, καθ' όσον αμφότεραι αι πλευραί εκδηλώνουν διάθεσιν συνεννοήσεως.

ΤΟ «ΝΕΑ ΤΕΡΕΖΑ»

Κατά τας πληροφορίας, αι συζητήσεις συνεχίζονται και αναμένεται ότι εντός των προσεχών ημερών θα ανακοινωθούν αι αποφάσεις. Ο εκπρόσωπος της Κυβερνήσεως εδήλωσεν ότι η κατάστασις παρακολουθείται στενώς, και ότι τα αρμόδια όργανα έλαβον όλα τα απαραίτητα μέτρα δια την ομαλήν διεξαγωγήν των εργασιών. Εις τους κύκλους των διπλωματών επικρατεί η γνώμη ότι η εξέλιξις θα είναι ευνοϊκή, καθ' όσον αμφότεραι αι πλευραί εκδηλώνουν διάθεσιν συνεννοήσεως.

ΑΝΤΑΠΟΚΡΙΤΗΣ
ΤΟΥ «ΡΩ-Υ-ΤΕΡ»
ΚΡΑΤΕΙΤΑΙ
ΕΙΣ ΤΟ ΠΕΚΙΝΟΝ

Κατά τας πληροφορίας, αι συζητήσεις συνεχίζονται και αναμένεται ότι εντός των προσεχών ημερών θα ανακοινωθούν αι αποφάσεις. Ο εκπρόσωπος της Κυβερνήσεως εδήλωσεν ότι η κατάστασις παρακολουθείται στενώς, και ότι τα αρμόδια όργανα έλαβον όλα τα απαραίτητα μέτρα δια την ομαλήν διεξαγωγήν των εργασιών. Εις τους κύκλους των διπλωματών επικρατεί η γνώμη ότι η εξέλιξις θα είναι ευνοϊκή, καθ' όσον αμφότεραι αι πλευραί εκδηλώνουν διάθεσιν συνεννοήσεως.

ΣΗΜΑΝΤΙΚΑΙ ΖΗΜΙΑΙ ΕΚ ΠΥΡΚΑΪΑΣ ΕΙΣ ΤΟ «Α. ΝΙΚΟΛΑΟΣ»

Κατά τας πληροφορίας, αι συζητήσεις συνεχίζονται και αναμένεται ότι εντός των προσεχών ημερών θα ανακοινωθούν αι αποφάσεις. Ο εκπρόσωπος της Κυβερνήσεως εδήλωσεν ότι η κατάστασις παρακολουθείται στενώς, και ότι τα αρμόδια όργανα έλαβον όλα τα απαραίτητα μέτρα δια την ομαλήν διεξαγωγήν των εργασιών. Εις τους κύκλους των διπλωματών επικρατεί η γνώμη ότι η εξέλιξις θα είναι ευνοϊκή, καθ' όσον αμφότεραι αι πλευραί εκδηλώνουν διάθεσιν συνεννοήσεως.

ΚΑΙ ΑΛΛΑΙ ΕΤΑΙΡΕΙΑΙ ΕΓΚΑΘΙΣΤΑΝΤΑΙ ΕΙΣ ΤΗΝ ΕΛΛΑΔΑ

Κατά τας πληροφορίας, αι συζητήσεις συνεχίζονται και αναμένεται ότι εντός των προσεχών ημερών θα ανακοινωθούν αι αποφάσεις. Ο εκπρόσωπος της Κυβερνήσεως εδήλωσεν ότι η κατάστασις παρακολουθείται στενώς, και ότι τα αρμόδια όργανα έλαβον όλα τα απαραίτητα μέτρα δια την ομαλήν διεξαγωγήν των εργασιών. Εις τους κύκλους των διπλωματών επικρατεί η γνώμη ότι η εξέλιξις θα είναι ευνοϊκή, καθ' όσον αμφότεραι αι πλευραί εκδηλώνουν διάθεσιν συνεννοήσεως.

ΕΝ ΑΘΗΝΑΙΣ ΤΟ «ΝΕΣΤΩΡ»

Κατά τας πληροφορίας, αι συζητήσεις συνεχίζονται και αναμένεται ότι εντός των προσεχών ημερών θα ανακοινωθούν αι αποφάσεις. Ο εκπρόσωπος της Κυβερνήσεως εδήλωσεν ότι η κατάστασις παρακολουθείται στενώς, και ότι τα αρμόδια όργανα έλαβον όλα τα απαραίτητα μέτρα δια την ομαλήν διεξαγωγήν των εργασιών. Εις τους κύκλους των διπλωματών επικρατεί η γνώμη ότι η εξέλιξις θα είναι ευνοϊκή, καθ' όσον αμφότεραι αι πλευραί εκδηλώνουν διάθεσιν συνεννοήσεως.

Ο ΥΠΑΡΧΗΓΟΣ ΤΟΥ ΓΕΣ ΕΙΣ ΒΟΡΕΙΟΝ ΕΛΛΑΔΑ

Κατά τας πληροφορίας, αι συζητήσεις συνεχίζονται και αναμένεται ότι εντός των προσεχών ημερών θα ανακοινωθούν αι αποφάσεις. Ο εκπρόσωπος της Κυβερνήσεως εδήλωσεν ότι η κατάστασις παρακολουθείται στενώς, και ότι τα αρμόδια όργανα έλαβον όλα τα απαραίτητα μέτρα δια την ομαλήν διεξαγωγήν των εργασιών. Εις τους κύκλους των διπλωματών επικρατεί η γνώμη ότι η εξέλιξις θα είναι ευνοϊκή, καθ' όσον αμφότεραι αι πλευραί εκδηλώνουν διάθεσιν συνεννοήσεως.

ΑΙ ΕΜΠΟΡΙΚΑΙ ΣΧΕΣΕΙΣ ΕΛΛΑΔΟΣ ΚΑΙ ΙΤΑΛΙΑΣ

Κατά τας πληροφορίας, αι συζητήσεις συνεχίζονται και αναμένεται ότι εντός των προσεχών ημερών θα ανακοινωθούν αι αποφάσεις. Ο εκπρόσωπος της Κυβερνήσεως εδήλωσεν ότι η κατάστασις παρακολουθείται στενώς, και ότι τα αρμόδια όργανα έλαβον όλα τα απαραίτητα μέτρα δια την ομαλήν διεξαγωγήν των εργασιών. Εις τους κύκλους των διπλωματών επικρατεί η γνώμη ότι η εξέλιξις θα είναι ευνοϊκή, καθ' όσον αμφότεραι αι πλευραί εκδηλώνουν διάθεσιν συνεννοήσεως.

ΚΗΔΕΙΑΙ

Κατά τας πληροφορίας, αι συζητήσεις συνεχίζονται και αναμένεται ότι εντός των προσεχών ημερών θα ανακοινωθούν αι αποφάσεις. Ο εκπρόσωπος της Κυβερνήσεως εδήλωσεν ότι η κατάστασις παρακολουθείται στενώς, και ότι τα αρμόδια όργανα έλαβον όλα τα απαραίτητα μέτρα δια την ομαλήν διεξαγωγήν των εργασιών. Εις τους κύκλους των διπλωματών επικρατεί η γνώμη ότι η εξέλιξις θα είναι ευνοϊκή, καθ' όσον αμφότεραι αι πλευραί εκδηλώνουν διάθεσιν συνεννοήσεως.

Κατά τας πληροφορίας, αι συζητήσεις συνεχίζονται και αναμένεται ότι εντός των προσεχών ημερών θα ανακοινωθούν αι αποφάσεις. Ο εκπρόσωπος της Κυβερνήσεως εδήλωσεν ότι η κατάστασις παρακολουθείται στενώς, και ότι τα αρμόδια όργανα έλαβον όλα τα απαραίτητα μέτρα δια την ομαλήν διεξαγωγήν των εργασιών. Εις τους κύκλους των διπλωματών επικρατεί η γνώμη ότι η εξέλιξις θα είναι ευνοϊκή, καθ' όσον αμφότεραι αι πλευραί εκδηλώνουν διάθεσιν συνεννοήσεως.

Κατά τας πληροφορίας, αι συζητήσεις συνεχίζονται και αναμένεται ότι εντός των προσεχών ημερών θα ανακοινωθούν αι αποφάσεις. Ο εκπρόσωπος της Κυβερνήσεως εδήλωσεν ότι η κατάστασις παρακολουθείται στενώς, και ότι τα αρμόδια όργανα έλαβον όλα τα απαραίτητα μέτρα δια την ομαλήν διεξαγωγήν των εργασιών. Εις τους κύκλους των διπλωματών επικρατεί η γνώμη ότι η εξέλιξις θα είναι ευνοϊκή, καθ' όσον αμφότεραι αι πλευραί εκδηλώνουν διάθεσιν συνεννοήσεως.

Κατά τας πληροφορίας, αι συζητήσεις συνεχίζονται και αναμένεται ότι εντός των προσεχών ημερών θα ανακοινωθούν αι αποφάσεις. Ο εκπρόσωπος της Κυβερνήσεως εδήλωσεν ότι η κατάστασις παρακολουθείται στενώς, και ότι τα αρμόδια όργανα έλαβον όλα τα απαραίτητα μέτρα δια την ομαλήν διεξαγωγήν των εργασιών. Εις τους κύκλους των διπλωματών επικρατεί η γνώμη ότι η εξέλιξις θα είναι ευνοϊκή, καθ' όσον αμφότεραι αι πλευραί εκδηλώνουν διάθεσιν συνεννοήσεως.

Κατά τας πληροφορίας, αι συζητήσεις συνεχίζονται και αναμένεται ότι εντός των προσεχών ημερών θα ανακοινωθούν αι αποφάσεις. Ο εκπρόσωπος της Κυβερνήσεως εδήλωσεν ότι η κατάστασις παρακολουθείται στενώς, και ότι τα αρμόδια όργανα έλαβον όλα τα απαραίτητα μέτρα δια την ομαλήν διεξαγωγήν των εργασιών. Εις τους κύκλους των διπλωματών επικρατεί η γνώμη ότι η εξέλιξις θα είναι ευνοϊκή, καθ' όσον αμφότεραι αι πλευραί εκδηλώνουν διάθεσιν συνεννοήσεως.

Κατά τας πληροφορίας, αι συζητήσεις συνεχίζονται και αναμένεται ότι εντός των προσεχών ημερών θα ανακοινωθούν αι αποφάσεις. Ο εκπρόσωπος της Κυβερνήσεως εδήλωσεν ότι η κατάστασις παρακολουθείται στενώς, και ότι τα αρμόδια όργανα έλαβον όλα τα απαραίτητα μέτρα δια την ομαλήν διεξαγωγήν των εργασιών. Εις τους κύκλους των διπλωματών επικρατεί η γνώμη ότι η εξέλιξις θα είναι ευνοϊκή, καθ' όσον αμφότεραι αι πλευραί εκδηλώνουν διάθεσιν συνεννοήσεως.

Κατά τας πληροφορίας, αι συζητήσεις συνεχίζονται και αναμένεται ότι εντός των προσεχών ημερών θα ανακοινωθούν αι αποφάσεις. Ο εκπρόσωπος της Κυβερνήσεως εδήλωσεν ότι η κατάστασις παρακολουθείται στενώς, και ότι τα αρμόδια όργανα έλαβον όλα τα απαραίτητα μέτρα δια την ομαλήν διεξαγωγήν των εργασιών. Εις τους κύκλους των διπλωματών επικρατεί η γνώμη ότι η εξέλιξις θα είναι ευνοϊκή, καθ' όσον αμφότεραι αι πλευραί εκδηλώνουν διάθεσιν συνεννοήσεως.

Κατά τας πληροφορίας, αι συζητήσεις συνεχίζονται και αναμένεται ότι εντός των προσεχών ημερών θα ανακοινωθούν αι αποφάσεις. Ο εκπρόσωπος της Κυβερνήσεως εδήλωσεν ότι η κατάστασις παρακολουθείται στενώς, και ότι τα αρμόδια όργανα έλαβον όλα τα απαραίτητα μέτρα δια την ομαλήν διεξαγωγήν των εργασιών. Εις τους κύκλους των διπλωματών επικρατεί η γνώμη ότι η εξέλιξις θα είναι ευνοϊκή, καθ' όσον αμφότεραι αι πλευραί εκδηλώνουν διάθεσιν συνεννοήσεως.

Κατά τας πληροφορίας, αι συζητήσεις συνεχίζονται και αναμένεται ότι εντός των προσεχών ημερών θα ανακοινωθούν αι αποφάσεις. Ο εκπρόσωπος της Κυβερνήσεως εδήλωσεν ότι η κατάστασις παρακολουθείται στενώς, και ότι τα αρμόδια όργανα έλαβον όλα τα απαραίτητα μέτρα δια την ομαλήν διεξαγωγήν των εργασιών. Εις τους κύκλους των διπλωματών επικρατεί η γνώμη ότι η εξέλιξις θα είναι ευνοϊκή, καθ' όσον αμφότεραι αι πλευραί εκδηλώνουν διάθεσιν συνεννοήσεως.

Κατά τας πληροφορίας, αι συζητήσεις συνεχίζονται και αναμένεται ότι εντός των προσεχών ημερών θα ανακοινωθούν αι αποφάσεις. Ο εκπρόσωπος της Κυβερνήσεως εδήλωσεν ότι η κατάστασις παρακολουθείται στενώς, και ότι τα αρμόδια όργανα έλαβον όλα τα απαραίτητα μέτρα δια την ομαλήν διεξαγωγήν των εργασιών. Εις τους κύκλους των διπλωματών επικρατεί η γνώμη ότι η εξέλιξις θα είναι ευνοϊκή, καθ' όσον αμφότεραι αι πλευραί εκδηλώνουν διάθεσιν συνεννοήσεως.

Κατά τας πληροφορίας, αι συζητήσεις συνεχίζονται και αναμένεται ότι εντός των προσεχών ημερών θα ανακοινωθούν αι αποφάσεις. Ο εκπρόσωπος της Κυβερνήσεως εδήλωσεν ότι η κατάστασις παρακολουθείται στενώς, και ότι τα αρμόδια όργανα έλαβον όλα τα απαραίτητα μέτρα δια την ομαλήν διεξαγωγήν των εργασιών. Εις τους κύκλους των διπλωματών επικρατεί η γνώμη ότι η εξέλιξις θα είναι ευνοϊκή, καθ' όσον αμφότεραι αι πλευραί εκδηλώνουν διάθεσιν συνεννοήσεως.

Κατά τας πληροφορίας, αι συζητήσεις συνεχίζονται και αναμένεται ότι εντός των προσεχών ημερών θα ανακοινωθούν αι αποφάσεις. Ο εκπρόσωπος της Κυβερνήσεως εδήλωσεν ότι η κατάστασις παρακολουθείται στενώς, και ότι τα αρμόδια όργανα έλαβον όλα τα απαραίτητα μέτρα δια την ομαλήν διεξαγωγήν των εργασιών. Εις τους κύκλους των διπλωματών επικρατεί η γνώμη ότι η εξέλιξις θα είναι ευνοϊκή, καθ' όσον αμφότεραι αι πλευραί εκδηλώνουν διάθεσιν συνεννοήσεως.

Κατά τας πληροφορίας, αι συζητήσεις συνεχίζονται και αναμένεται ότι εντός των προσεχών ημερών θα ανακοινωθούν αι αποφάσεις. Ο εκπρόσωπος της Κυβερνήσεως εδήλωσεν ότι η κατάστασις παρακολουθείται στενώς, και ότι τα αρμόδια όργανα έλαβον όλα τα απαραίτητα μέτρα δια την ομαλήν διεξαγωγήν των εργασιών. Εις τους κύκλους των διπλωματών επικρατεί η γνώμη ότι η εξέλιξις θα είναι ευνοϊκή, καθ' όσον αμφότεραι αι πλευραί εκδηλώνουν διάθεσιν συνεννοήσεως.

Κατά τας πληροφορίας, αι συζητήσεις συνεχίζονται και αναμένεται ότι εντός των προσεχών ημερών θα ανακοινωθούν αι αποφάσεις. Ο εκπρόσωπος της Κυβερνήσεως εδήλωσεν ότι η κατάστασις παρακολουθείται στενώς, και ότι τα αρμόδια όργανα έλαβον όλα τα απαραίτητα μέτρα δια την ομαλήν διεξαγωγήν των εργασιών. Εις τους κύκλους των διπλωματών επικρατεί η γνώμη ότι η εξέλιξις θα είναι ευνοϊκή, καθ' όσον αμφότεραι αι πλευραί εκδηλώνουν διάθεσιν συνεννοήσεως.

Κατά τας πληροφορίας, αι συζητήσεις συνεχίζονται και αναμένεται ότι εντός των προσεχών ημερών θα ανακοινωθούν αι αποφάσεις. Ο εκπρόσωπος της Κυβερνήσεως εδήλωσεν ότι η κατάστασις παρακολουθείται στενώς, και ότι τα αρμόδια όργανα έλαβον όλα τα απαραίτητα μέτρα δια την ομαλήν διεξαγωγήν των εργασιών. Εις τους κύκλους των διπλωματών επικρατεί η γνώμη ότι η εξέλιξις θα είναι ευνοϊκή, καθ' όσον αμφότεραι αι πλευραί εκδηλώνουν διάθεσιν συνεννοήσεως.

Κατά τας πληροφορίας, αι συζητήσεις συνεχίζονται και αναμένεται ότι εντός των προσεχών ημερών θα ανακοινωθούν αι αποφάσεις. Ο εκπρόσωπος της Κυβερνήσεως εδήλωσεν ότι η κατάστασις παρακολουθείται στενώς, και ότι τα αρμόδια όργανα έλαβον όλα τα απαραίτητα μέτρα δια την ομαλήν διεξαγωγήν των εργασιών. Εις τους κύκλους των διπλωματών επικρατεί η γνώμη ότι η εξέλιξις θα είναι ευνοϊκή, καθ' όσον αμφότεραι αι πλευραί εκδηλώνουν διάθεσιν συνεννοήσεως.

Κατά τας πληροφορίας, αι συζητήσεις συνεχίζονται και αναμένεται ότι εντός των προσεχών ημερών θα ανακοινωθούν αι αποφάσεις. Ο εκπρόσωπος της Κυβερνήσεως εδήλωσεν ότι η κατάστασις παρακολουθείται στενώς, και ότι τα αρμόδια όργανα έλαβον όλα τα απαραίτητα μέτρα δια την ομαλήν διεξαγωγήν των εργασιών. Εις τους κύκλους των διπλωματών επικρατεί η γνώμη ότι η εξέλιξις θα είναι ευνοϊκή, καθ' όσον αμφότεραι αι πλευραί εκδηλώνουν διάθεσιν συνεννοήσεως.

Κατά τας πληροφορίας, αι συζητήσεις συνεχίζονται και αναμένεται ότι εντός των προσεχών ημερών θα ανακοινωθούν αι αποφάσεις. Ο εκπρόσωπος της Κυβερνήσεως εδήλωσεν ότι η κατάστασις παρακολουθείται στενώς, και ότι τα αρμόδια όργανα έλαβον όλα τα απαραίτητα μέτρα δια την ομαλήν διεξαγωγήν των εργασιών. Εις τους κύκλους των διπλωματών επικρατεί η γνώμη ότι η εξέλιξις θα είναι ευνοϊκή, καθ' όσον αμφότεραι αι πλευραί εκδηλώνουν διάθεσιν συνεννοήσεως.

ΑΠΟΤΕΛΕΣΜΑΤΑ ΑΓΩΝΙΣΜΑΤΩΝ ΚΟΛΥΜΒΗΣΕΩΣ ΙΣΤΙΟΠΛΟΪΑΣ ΚΑΙ ΠΟΔΗΛΑΣΙΑΣ ΚΑΤΑ ΤΗΝ ΕΝΑΤΗΝ ΗΜΕΡΑΝ ΤΗΣ ΟΛΥΜΠΙΑΔΟΣ

ΠΟΛΙΣ ΤΟΥ ΜΕΞΙΚΟΥ, 21. (Ασσ. Πρές). Τα αποτελέσματα των αγωνισμάτων της ενάτης ημέρας των Ολυμπιακών Αγώνων έχουν ως εξής: Εις την κολύμβησιν 200 μέτρων πρώτος ανεδείχθη ο Αμερικανός, ενώ εις την ποδηλασίαν την πρώτην θέσιν κατέλαβεν η Ιταλία.

Κατά τας πληροφορίας, αι συζητήσεις συνεχίζονται και αναμένεται ότι εντός των προσεχών ημερών θα ανακοινωθούν αι αποφάσεις. Ο εκπρόσωπος της Κυβερνήσεως εδήλωσεν ότι η κατάστασις παρακολουθείται στενώς, και ότι τα αρμόδια όργανα έλαβον όλα τα απαραίτητα μέτρα δια την ομαλήν διεξαγωγήν των εργασιών. Εις τους κύκλους των διπλωματών επικρατεί η γνώμη ότι η εξέλιξις θα είναι ευνοϊκή, καθ' όσον αμφότεραι αι πλευραί εκδηλώνουν διάθεσιν συνεννοήσεως.

Κατά τας πληροφορίας, αι συζητήσεις συνεχίζονται και αναμένεται ότι εντός των προσεχών ημερών θα ανακοινωθούν αι αποφάσεις. Ο εκπρόσωπος της Κυβερνήσεως εδήλωσεν ότι η κατάστασις παρακολουθείται στενώς, και ότι τα αρμόδια όργανα έλαβον όλα τα απαραίτητα μέτρα δια την ομαλήν διεξαγωγήν των εργασιών. Εις τους κύκλους των διπλωματών επικρατεί η γνώμη ότι η εξέλιξις θα είναι ευνοϊκή, καθ' όσον αμφότεραι αι πλευραί εκδηλώνουν διάθεσιν συνεννοήσεως.

Κατά τας πληροφορίας, αι συζητήσεις συνεχίζονται και αναμένεται ότι εντός των προσεχών ημερών θα ανακοινωθούν αι αποφάσεις. Ο εκπρόσωπος της Κυβερνήσεως εδήλωσεν ότι η κατάστασις παρακολουθείται στενώς, και ότι τα αρμόδια όργανα έλαβον όλα τα απαραίτητα μέτρα δια την ομαλήν διεξαγωγήν των εργασιών. Εις τους κύκλους των διπλωματών επικρατεί η γνώμη ότι η εξέλιξις θα είναι ευνοϊκή, καθ' όσον αμφότεραι αι πλευραί εκδηλώνουν διάθεσιν συνεννοήσεως.

Η ΜΕΓΑΛΗ ΣΤΡΑΤΗΓΙΚΗ ΣΗΜΑΣΙΑ ΤΟΥ ΕΛΛΗΝΙΚΟΥ ΧΩΡΟΥ ΥΠΟΓΡΑΜΜΙΖΕΤΑΙ ΥΠΟ ΔΥΟ ΑΜΕΡΙΚΑΝΩΝ ΒΟΥΛΕΥΤΩΝ

ΟΥΑΣΙΓΚΤΩΝ, 21. (Αθηναϊκόν Πρακτορεῖον).

Κατά τας πληροφορίας, αι συζητήσεις συνεχίζονται και αναμένεται ότι εντός των προσεχών ημερών θα ανακοινωθούν αι αποφάσεις. Ο εκπρόσωπος της Κυβερνήσεως εδήλωσεν ότι η κατάστασις παρακολουθείται στενώς, και ότι τα αρμόδια όργανα έλαβον όλα τα απαραίτητα μέτρα δια την ομαλήν διεξαγωγήν των εργασιών. Εις τους κύκλους των διπλωματών επικρατεί η γνώμη ότι η εξέλιξις θα είναι ευνοϊκή, καθ' όσον αμφότεραι αι πλευραί εκδηλώνουν διάθεσιν συνεννοήσεως.

Κατά τας πληροφορίας, αι συζητήσεις συνεχίζονται και αναμένεται ότι εντός των προσεχών ημερών θα ανακοινωθούν αι αποφάσεις. Ο εκπρόσωπος της Κυβερνήσεως εδήλωσεν ότι η κατάστασις παρακολουθείται στενώς, και ότι τα αρμόδια όργανα έλαβον όλα τα απαραίτητα μέτρα δια την ομαλήν διεξαγωγήν των εργασιών. Εις τους κύκλους των διπλωματών επικρατεί η γνώμη ότι η εξέλιξις θα είναι ευνοϊκή, καθ' όσον αμφότεραι αι πλευραί εκδηλώνουν διάθεσιν συνεννοήσεως.

Κατά τας πληροφορίας, αι συζητήσεις συνεχίζονται και αναμένεται ότι εντός των προσεχών ημερών θα ανακοινωθούν αι αποφάσεις. Ο εκπρόσωπος της Κυβερνήσεως εδήλωσεν ότι η κατάστασις παρακολουθείται στενώς, και ότι τα αρμόδια όργανα έλαβον όλα τα απαραίτητα μέτρα δια την ομαλήν διεξαγωγήν των εργασιών. Εις τους κύκλους των διπλωματών επικρατεί η γνώμη ότι η εξέλιξις θα είναι ευνοϊκή, καθ' όσον αμφότεραι αι πλευραί εκδηλώνουν διάθεσιν συνεννοήσεως.

Κατά τας πληροφορίας, αι συζητήσεις συνεχίζονται και αναμένεται ότι εντός των προσεχών ημερών θα ανακοινωθούν αι αποφάσεις. Ο εκπρόσωπος της Κυβερνήσεως εδήλωσεν ότι η κατάστασις παρακολουθείται στενώς, και ότι τα αρμόδια όργανα έλαβον όλα τα απαραίτητα μέτρα δια την ομαλήν διεξαγωγήν των εργασιών. Εις τους κύκλους των διπλωματών επικρατεί η γνώμη ότι η εξέλιξις θα είναι ευνοϊκή, καθ' όσον αμφότεραι αι πλευραί εκδηλώνουν διάθεσιν συνεννοήσεως.

ΠΟΛΥΤΕΛΕΣΤΑΤΟΝ ΚΑΙ ΠΑΡΕΧΟΝ ΠΛΗΡΗ ΑΣΦΑΛΕΙΑΝ ΤΟ ΝΕΟΝ ΑΥΤΟΚΙΝΗΤΟΝ ΤΟΥ ΠΡΟΕΔΡΟΥ ΤΗΣ ΑΜΕΡΙΚΗΣ

Κατά τας πληροφορίας, αι συζητήσεις συνεχίζονται και αναμένεται ότι εντός των προσεχών ημερών θα ανακοινωθούν αι αποφάσεις. Ο εκπρόσωπος της Κυβερνήσεως εδήλωσεν ότι η κατάστασις παρακολουθείται στενώς, και ότι τα αρμόδια όργανα έλαβον όλα τα απαραίτητα μέτρα δια την ομαλήν διεξαγωγήν των εργασιών. Εις τους κύκλους των διπλωματών επικρατεί η γνώμη ότι η εξέλιξις θα είναι ευνοϊκή, καθ' όσον αμφότεραι αι πλευραί εκδηλώνουν διάθεσιν συνεννοήσεως.

Κατά τας πληροφορίας, αι συζητήσεις συνεχίζονται και αναμένεται ότι εντός των προσεχών ημερών θα ανακοινωθούν αι αποφάσεις. Ο εκπρόσωπος της Κυβερνήσεως εδήλωσεν ότι η κατάστασις παρακολουθείται στενώς, και ότι τα αρμόδια όργανα έλαβον όλα τα απαραίτητα μέτρα δια την ομαλήν διεξαγωγήν των εργασιών. Εις τους κύκλους των διπλωματών επικρατεί η γνώμη ότι η εξέλιξις θα είναι ευνοϊκή, καθ' όσον αμφότεραι αι πλευραί εκδηλώνουν διάθεσιν συνεννοήσεως.

Κατά τας πληροφορίας, αι συζητήσεις συνεχίζονται και αναμένεται ότι εντός των προσεχών ημερών θα ανακοινωθούν αι αποφάσεις. Ο εκπρόσωπος της Κυβερνήσεως εδήλωσεν ότι η κατάστασις παρακολουθείται στενώς, και ότι τα αρμόδια όργανα έλαβον όλα τα απαραίτητα μέτρα δια την ομαλήν διεξαγωγήν των εργασιών. Εις τους κύκλους των διπλωματών επικρατεί η γνώμη ότι η εξέλιξις θα είναι ευνοϊκή, καθ' όσον αμφότεραι αι πλευραί εκδηλώνουν διάθεσιν συνεννοήσεως.

Κατά τας πληροφορίας, αι συζητήσεις συνεχίζονται και αναμένεται ότι εντός των προσεχών ημερών θα ανακοινωθούν αι αποφάσεις. Ο εκπρόσωπος της Κυβερνήσεως εδήλωσεν ότι η κατάστασις παρακολουθείται στενώς, και ότι τα αρμόδια όργανα έλαβον όλα τα απαραίτητα μέτρα δια την ομαλήν διεξαγωγήν των εργασιών. Εις τους κύκλους των διπλωματών επικρατεί η γνώμη ότι η εξέλιξις θα είναι ευνοϊκή, καθ' όσον αμφότεραι αι πλευραί εκδηλώνουν διάθεσιν συνεννοήσεως.

ΟΙ ΚΕΡΔΙΖΟΝΤΕΣ ΑΡΙΘΜΟΙ ΤΟΥ ΛΑ-Ι-ΚΟΥ ΛΑΧΕΙΟΥ

ΑΘΗΝΑΙ, 21. Κατά την κλήρωσιν του Λαϊκού Λαχείου εκέρδισαν οι αριθμοί:

75844   19350  89927  15197  15835
10936  19723  22650  22865  23109
29913  30253  36060  40813  40563
43905  45519  46155  51210  58023
56300  60032  66375  67121  75193
79181  11346  19181  27130  30115
30742  32055  33315  40520  40581
58043  64255  70108  72165  75950
11273  69448  71326  24333  24227
11435  31364  23318  28643  38586
25452  69619  70813  73210  76187
ΣΗΜΕΡΟΝ ΠΙΘΑΝΟΝ ΤΟ ΖΕΥΓΟΣ ΩΝΑΣΗ ΝΑ ΑΡΧΙΣΗ ΤΟΝ ΜΗΝΑ ΤΟΥ ΜΕΛΙΤΟΣ ΑΝ ΑΛΛΑΞΟΥΝ ΑΙ ΚΑΙΡΙΚΑΙ ΣΥΝΘΗΚΑΙ

ΣΚΟΡΠΙΟΣ, 21. (Ασσ. Πρές).	Κατά τας πληροφορίας, αι συζητήσεις συνεχίζονται και αναμένεται ότι εντός των προσεχών ημερών θα ανακοινωθούν αι αποφάσεις. Ο εκπρόσωπος της Κυβερνήσεως εδήλωσεν ότι η κατάστασις παρακολουθείται στενώς, και ότι τα αρμόδια όργανα έλαβον όλα τα απαραίτητα μέτρα δια την ομαλήν διεξαγωγήν των εργασιών. Εις τους κύκλους των διπλωματών επικρατεί η γνώμη ότι η εξέλιξις θα είναι ευνοϊκή, καθ' όσον αμφότεραι αι πλευραί εκδηλώνουν διάθεσιν συνεννοήσεως.

ΤΟ Κ.Κ. ΤΗΣ ΤΣΕΧΟΣΛΟΒΑΚΙΑΣ ΚΑΛΕΙΤΑΙ ΝΑ ΑΠΟΚΗΡΥΞΗ ΤΗΝ ΟΜΑΔΑ ΤΩΝ ΡΩΣΣΟΦΙΛΩΝ
Τυχόν αυτονόμησις τής Σλοβακίας θά εξυπηρετήση τήν Σοβ. Ένωσιν

ΠΡΑΓΑ, 21. (Ρώυτερ). Κουμμουνιστικά φύλλα της χώρας ζητούν σήμερον από το Κόμμα να αποκηρύξη την φιλοσοβιετικήν ομάδα, η οποία επιδιώκει την επάνοδον εις το καθεστώς του παρελθόντος. Η Σλοβακική αυτονόμησις θεωρείται ότι θα ευνοήση την Μόσχαν.

Κατά τας πληροφορίας, αι συζητήσεις συνεχίζονται και αναμένεται ότι εντός των προσεχών ημερών θα ανακοινωθούν αι αποφάσεις. Ο εκπρόσωπος της Κυβερνήσεως εδήλωσεν ότι η κατάστασις παρακολουθείται στενώς, και ότι τα αρμόδια όργανα έλαβον όλα τα απαραίτητα μέτρα δια την ομαλήν διεξαγωγήν των εργασιών. Εις τους κύκλους των διπλωματών επικρατεί η γνώμη ότι η εξέλιξις θα είναι ευνοϊκή, καθ' όσον αμφότεραι αι πλευραί εκδηλώνουν διάθεσιν συνεννοήσεως.

Κατά τας πληροφορίας, αι συζητήσεις συνεχίζονται και αναμένεται ότι εντός των προσεχών ημερών θα ανακοινωθούν αι αποφάσεις. Ο εκπρόσωπος της Κυβερνήσεως εδήλωσεν ότι η κατάστασις παρακολουθείται στενώς, και ότι τα αρμόδια όργανα έλαβον όλα τα απαραίτητα μέτρα δια την ομαλήν διεξαγωγήν των εργασιών. Εις τους κύκλους των διπλωματών επικρατεί η γνώμη ότι η εξέλιξις θα είναι ευνοϊκή, καθ' όσον αμφότεραι αι πλευραί εκδηλώνουν διάθεσιν συνεννοήσεως.

Κατά τας πληροφορίας, αι συζητήσεις συνεχίζονται και αναμένεται ότι εντός των προσεχών ημερών θα ανακοινωθούν αι αποφάσεις. Ο εκπρόσωπος της Κυβερνήσεως εδήλωσεν ότι η κατάστασις παρακολουθείται στενώς, και ότι τα αρμόδια όργανα έλαβον όλα τα απαραίτητα μέτρα δια την ομαλήν διεξαγωγήν των εργασιών. Εις τους κύκλους των διπλωματών επικρατεί η γνώμη ότι η εξέλιξις θα είναι ευνοϊκή, καθ' όσον αμφότεραι αι πλευραί εκδηλώνουν διάθεσιν συνεννοήσεως.

Κατά τας πληροφορίας, αι συζητήσεις συνεχίζονται και αναμένεται ότι εντός των προσεχών ημερών θα ανακοινωθούν αι αποφάσεις. Ο εκπρόσωπος της Κυβερνήσεως εδήλωσεν ότι η κατάστασις παρακολουθείται στενώς, και ότι τα αρμόδια όργανα έλαβον όλα τα απαραίτητα μέτρα δια την ομαλήν διεξαγωγήν των εργασιών. Εις τους κύκλους των διπλωματών επικρατεί η γνώμη ότι η εξέλιξις θα είναι ευνοϊκή, καθ' όσον αμφότεραι αι πλευραί εκδηλώνουν διάθεσιν συνεννοήσεως.

ΒΙΣΣΕΝΤ ΜΠΟΥΓΙΣΤ
ΣΥΣΚΕΨΙΣ ΕΙΣ ΒΟΥΔΑΠΕΣΤΗΝ

Κατά τας πληροφορίας, αι συζητήσεις συνεχίζονται και αναμένεται ότι εντός των προσεχών ημερών θα ανακοινωθούν αι αποφάσεις. Ο εκπρόσωπος της Κυβερνήσεως εδήλωσεν ότι η κατάστασις παρακολουθείται στενώς, και ότι τα αρμόδια όργανα έλαβον όλα τα απαραίτητα μέτρα δια την ομαλήν διεξαγωγήν των εργασιών. Εις τους κύκλους των διπλωματών επικρατεί η γνώμη ότι η εξέλιξις θα είναι ευνοϊκή, καθ' όσον αμφότεραι αι πλευραί εκδηλώνουν διάθεσιν συνεννοήσεως.

Κατά τας πληροφορίας, αι συζητήσεις συνεχίζονται και αναμένεται ότι εντός των προσεχών ημερών θα ανακοινωθούν αι αποφάσεις. Ο εκπρόσωπος της Κυβερνήσεως εδήλωσεν ότι η κατάστασις παρακολουθείται στενώς, και ότι τα αρμόδια όργανα έλαβον όλα τα απαραίτητα μέτρα δια την ομαλήν διεξαγωγήν των εργασιών. Εις τους κύκλους των διπλωματών επικρατεί η γνώμη ότι η εξέλιξις θα είναι ευνοϊκή, καθ' όσον αμφότεραι αι πλευραί εκδηλώνουν διάθεσιν συνεννοήσεως.

Κατά τας πληροφορίας, αι συζητήσεις συνεχίζονται και αναμένεται ότι εντός των προσεχών ημερών θα ανακοινωθούν αι αποφάσεις. Ο εκπρόσωπος της Κυβερνήσεως εδήλωσεν ότι η κατάστασις παρακολουθείται στενώς, και ότι τα αρμόδια όργανα έλαβον όλα τα απαραίτητα μέτρα δια την ομαλήν διεξαγωγήν των εργασιών. Εις τους κύκλους των διπλωματών επικρατεί η γνώμη ότι η εξέλιξις θα είναι ευνοϊκή, καθ' όσον αμφότεραι αι πλευραί εκδηλώνουν διάθεσιν συνεννοήσεως.

ΦΥΓΟΥΝ ΟΙ ΕΒΡΑΙΟΙ

Κατά τας πληροφορίας, αι συζητήσεις συνεχίζονται και αναμένεται ότι εντός των προσεχών ημερών θα ανακοινωθούν αι αποφάσεις. Ο εκπρόσωπος της Κυβερνήσεως εδήλωσεν ότι η κατάστασις παρακολουθείται στενώς, και ότι τα αρμόδια όργανα έλαβον όλα τα απαραίτητα μέτρα δια την ομαλήν διεξαγωγήν των εργασιών. Εις τους κύκλους των διπλωματών επικρατεί η γνώμη ότι η εξέλιξις θα είναι ευνοϊκή, καθ' όσον αμφότεραι αι πλευραί εκδηλώνουν διάθεσιν συνεννοήσεως.

ΕΠΑΝΟΔΟΣ

Κατά τας πληροφορίας, αι συζητήσεις συνεχίζονται και αναμένεται ότι εντός των προσεχών ημερών θα ανακοινωθούν αι αποφάσεις. Ο εκπρόσωπος της Κυβερνήσεως εδήλωσεν ότι η κατάστασις παρακολουθείται στενώς, και ότι τα αρμόδια όργανα έλαβον όλα τα απαραίτητα μέτρα δια την ομαλήν διεξαγωγήν των εργασιών. Εις τους κύκλους των διπλωματών επικρατεί η γνώμη ότι η εξέλιξις θα είναι ευνοϊκή, καθ' όσον αμφότεραι αι πλευραί εκδηλώνουν διάθεσιν συνεννοήσεως.

Ο ΜΑΝΕΣΚΟΥ ΕΙΣ ΚΑΡΑΚΑΣ

Κατά τας πληροφορίας, αι συζητήσεις συνεχίζονται και αναμένεται ότι εντός των προσεχών ημερών θα ανακοινωθούν αι αποφάσεις. Ο εκπρόσωπος της Κυβερνήσεως εδήλωσεν ότι η κατάστασις παρακολουθείται στενώς, και ότι τα αρμόδια όργανα έλαβον όλα τα απαραίτητα μέτρα δια την ομαλήν διεξαγωγήν των εργασιών. Εις τους κύκλους των διπλωματών επικρατεί η γνώμη ότι η εξέλιξις θα είναι ευνοϊκή, καθ' όσον αμφότεραι αι πλευραί εκδηλώνουν διάθεσιν συνεννοήσεως.

ΜΠΟΥΡΓΚΙΜΠΑ – ΒΟΥΤΕΦΛΙΚΑ

Κατά τας πληροφορίας, αι συζητήσεις συνεχίζονται και αναμένεται ότι εντός των προσεχών ημερών θα ανακοινωθούν αι αποφάσεις. Ο εκπρόσωπος της Κυβερνήσεως εδήλωσεν ότι η κατάστασις παρακολουθείται στενώς, και ότι τα αρμόδια όργανα έλαβον όλα τα απαραίτητα μέτρα δια την ομαλήν διεξαγωγήν των εργασιών. Εις τους κύκλους των διπλωματών επικρατεί η γνώμη ότι η εξέλιξις θα είναι ευνοϊκή, καθ' όσον αμφότεραι αι πλευραί εκδηλώνουν διάθεσιν συνεννοήσεως.

ΝΕΑ ΣΕΙΡΑ ΑΛΛΕΠΑΛΛΗΛΩΝ ΕΠΕΙΣΟΔΙΩΝ ΠΡΟΚΑΛΕΙ ΑΥΞΗΣΙΝ ΤΗΣ ΕΝΤΑΣΕΩΣ ΕΙΣ ΤΗΝ ΠΕΡΙΟΧΗΝ ΤΗΣ ΜΕΣΗΣ ΑΝΑΤΟΛΗΣ
Καί «διπλωματικήν προστασίαν» ζητεί τό Ισραήλ άπό τήν Άμερικήν
35 ΕΛΛΗΝΟΠΟΥΛΑ ΔΙΕΣΩΘΗΣΑΝ ΕΚ ΠΥΡΚΑΪΑΣ ΕΙΣ ΛΟΝΔΙΝΟΝ
ΥΠΟ ΕΝΟΣ ΙΕΡΕΩΣ ΚΑΙ ΤΟΥ ΔΙΔΑΣΚΑΛΟΥ

Κατά τας πληροφορίας, αι συζητήσεις συνεχίζονται και αναμένεται ότι εντός των προσεχών ημερών θα ανακοινωθούν αι αποφάσεις. Ο εκπρόσωπος της Κυβερνήσεως εδήλωσεν ότι η κατάστασις παρακολουθείται στενώς, και ότι τα αρμόδια όργανα έλαβον όλα τα απαραίτητα μέτρα δια την ομαλήν διεξαγωγήν των εργασιών. Εις τους κύκλους των διπλωματών επικρατεί η γνώμη ότι η εξέλιξις θα είναι ευνοϊκή, καθ' όσον αμφότεραι αι πλευραί εκδηλώνουν διάθεσιν συνεννοήσεως.

ΝΕΑ ΜΕΤΡΑ Ο ΟΡΓΑΝΙΣΜΟΣ ΤΩΝ ΗΝ. ΕΘΝΩΝ ΚΑΤΑ ΤΗΣ ΡΟΔΕΣΙΑΣ

Κατά τας πληροφορίας, αι συζητήσεις συνεχίζονται και αναμένεται ότι εντός των προσεχών ημερών θα ανακοινωθούν αι αποφάσεις. Ο εκπρόσωπος της Κυβερνήσεως εδήλωσεν ότι η κατάστασις παρακολουθείται στενώς, και ότι τα αρμόδια όργανα έλαβον όλα τα απαραίτητα μέτρα δια την ομαλήν διεξαγωγήν των εργασιών. Εις τους κύκλους των διπλωματών επικρατεί η γνώμη ότι η εξέλιξις θα είναι ευνοϊκή, καθ' όσον αμφότεραι αι πλευραί εκδηλώνουν διάθεσιν συνεννοήσεως.

ΑΠΟΘΕΜΑΤΑ ΟΥΡΑΝΙΟΥ ΚΑΙ ΑΛΛΩΝ ΣΤΟΙΧΕΙΩΝ ΕΙΣ ΤΟ ΠΑΚΙΣΤΑΝ

Κατά τας πληροφορίας, αι συζητήσεις συνεχίζονται και αναμένεται ότι εντός των προσεχών ημερών θα ανακοινωθούν αι αποφάσεις. Ο εκπρόσωπος της Κυβερνήσεως εδήλωσεν ότι η κατάστασις παρακολουθείται στενώς, και ότι τα αρμόδια όργανα έλαβον όλα τα απαραίτητα μέτρα δια την ομαλήν διεξαγωγήν των εργασιών. Εις τους κύκλους των διπλωματών επικρατεί η γνώμη ότι η εξέλιξις θα είναι ευνοϊκή, καθ' όσον αμφότεραι αι πλευραί εκδηλώνουν διάθεσιν συνεννοήσεως.

ΠΡΟΣ ΤΟΝ ΑΤΛΑΝΤΙΚΟΝ Η ΚΑΤΑΙΓΙΣ «ΓΚΛΑΝΤΥΣ»

Κατά τας πληροφορίας, αι συζητήσεις συνεχίζονται και αναμένεται ότι εντός των προσεχών ημερών θα ανακοινωθούν αι αποφάσεις. Ο εκπρόσωπος της Κυβερνήσεως εδήλωσεν ότι η κατάστασις παρακολουθείται στενώς, και ότι τα αρμόδια όργανα έλαβον όλα τα απαραίτητα μέτρα δια την ομαλήν διεξαγωγήν των εργασιών. Εις τους κύκλους των διπλωματών επικρατεί η γνώμη ότι η εξέλιξις θα είναι ευνοϊκή, καθ' όσον αμφότεραι αι πλευραί εκδηλώνουν διάθεσιν συνεννοήσεως.

ΑΝΑΚΟΙΝΩΘΕΝ ΤΟΥ ΟΙΚΟΥ ΤΟΥ ΑΝΤΙΒΑΣΙΛΕΩΣ

Κατά τας πληροφορίας, αι συζητήσεις συνεχίζονται και αναμένεται ότι εντός των προσεχών ημερών θα ανακοινωθούν αι αποφάσεις. Ο εκπρόσωπος της Κυβερνήσεως εδήλωσεν ότι η κατάστασις παρακολουθείται στενώς, και ότι τα αρμόδια όργανα έλαβον όλα τα απαραίτητα μέτρα δια την ομαλήν διεξαγωγήν των εργασιών. Εις τους κύκλους των διπλωματών επικρατεί η γνώμη ότι η εξέλιξις θα είναι ευνοϊκή, καθ' όσον αμφότεραι αι πλευραί εκδηλώνουν διάθεσιν συνεννοήσεως.

ΣΧΕΤΙΚΗ ΣΥΝΤΑΞΙΣ ΚΑΙ ΚΡΙΤΙΚΗ

Κατά τας πληροφορίας, αι συζητήσεις συνεχίζονται και αναμένεται ότι εντός των προσεχών ημερών θα ανακοινωθούν αι αποφάσεις. Ο εκπρόσωπος της Κυβερνήσεως εδήλωσεν ότι η κατάστασις παρακολουθείται στενώς, και ότι τα αρμόδια όργανα έλαβον όλα τα απαραίτητα μέτρα δια την ομαλήν διεξαγωγήν των εργασιών. Εις τους κύκλους των διπλωματών επικρατεί η γνώμη ότι η εξέλιξις θα είναι ευνοϊκή, καθ' όσον αμφότεραι αι πλευραί εκδηλώνουν διάθεσιν συνεννοήσεως.

ΚΑΤΑΛΑΚΤΙΚΗΝ ΤΗΝ ΔΗΜΟΣΙΕΥΣΙΝ

Κατά τας πληροφορίας, αι συζητήσεις συνεχίζονται και αναμένεται ότι εντός των προσεχών ημερών θα ανακοινωθούν αι αποφάσεις. Ο εκπρόσωπος της Κυβερνήσεως εδήλωσεν ότι η κατάστασις παρακολουθείται στενώς, και ότι τα αρμόδια όργανα έλαβον όλα τα απαραίτητα μέτρα δια την ομαλήν διεξαγωγήν των εργασιών. Εις τους κύκλους των διπλωματών επικρατεί η γνώμη ότι η εξέλιξις θα είναι ευνοϊκή, καθ' όσον αμφότεραι αι πλευραί εκδηλώνουν διάθεσιν συνεννοήσεως.

Γ. ΠΑΠΑΔΟΠΟΥΛΟΣ

ΤΕΛ ΑΒΙΒ, 21. (Ασσ. Πρές). Εκπρόσωπος του Ισραηλινού στρατού ανακοίνωσεν ότι νέα επεισόδια σημειώθηκαν κατά μήκος της γραμμής εκεχειρίας. Η Ισραηλινή Κυβέρνησις ζητεί από τας Ηνωμένας Πολιτείας διπλωματικήν υποστήριξιν ενώπιον του Συμβουλίου Ασφαλείας.

Κατά τας πληροφορίας, αι συζητήσεις συνεχίζονται και αναμένεται ότι εντός των προσεχών ημερών θα ανακοινωθούν αι αποφάσεις. Ο εκπρόσωπος της Κυβερνήσεως εδήλωσεν ότι η κατάστασις παρακολουθείται στενώς, και ότι τα αρμόδια όργανα έλαβον όλα τα απαραίτητα μέτρα δια την ομαλήν διεξαγωγήν των εργασιών. Εις τους κύκλους των διπλωματών επικρατεί η γνώμη ότι η εξέλιξις θα είναι ευνοϊκή, καθ' όσον αμφότεραι αι πλευραί εκδηλώνουν διάθεσιν συνεννοήσεως.

Κατά τας πληροφορίας, αι συζητήσεις συνεχίζονται και αναμένεται ότι εντός των προσεχών ημερών θα ανακοινωθούν αι αποφάσεις. Ο εκπρόσωπος της Κυβερνήσεως εδήλωσεν ότι η κατάστασις παρακολουθείται στενώς, και ότι τα αρμόδια όργανα έλαβον όλα τα απαραίτητα μέτρα δια την ομαλήν διεξαγωγήν των εργασιών. Εις τους κύκλους των διπλωματών επικρατεί η γνώμη ότι η εξέλιξις θα είναι ευνοϊκή, καθ' όσον αμφότεραι αι πλευραί εκδηλώνουν διάθεσιν συνεννοήσεως.

ΕΝΔΟΧΩΡΑ ΣΥΝΟΜΙΛΙΑΙ

Κατά τας πληροφορίας, αι συζητήσεις συνεχίζονται και αναμένεται ότι εντός των προσεχών ημερών θα ανακοινωθούν αι αποφάσεις. Ο εκπρόσωπος της Κυβερνήσεως εδήλωσεν ότι η κατάστασις παρακολουθείται στενώς, και ότι τα αρμόδια όργανα έλαβον όλα τα απαραίτητα μέτρα δια την ομαλήν διεξαγωγήν των εργασιών. Εις τους κύκλους των διπλωματών επικρατεί η γνώμη ότι η εξέλιξις θα είναι ευνοϊκή, καθ' όσον αμφότεραι αι πλευραί εκδηλώνουν διάθεσιν συνεννοήσεως.

Κατά τας πληροφορίας, αι συζητήσεις συνεχίζονται και αναμένεται ότι εντός των προσεχών ημερών θα ανακοινωθούν αι αποφάσεις. Ο εκπρόσωπος της Κυβερνήσεως εδήλωσεν ότι η κατάστασις παρακολουθείται στενώς, και ότι τα αρμόδια όργανα έλαβον όλα τα απαραίτητα μέτρα δια την ομαλήν διεξαγωγήν των εργασιών. Εις τους κύκλους των διπλωματών επικρατεί η γνώμη ότι η εξέλιξις θα είναι ευνοϊκή, καθ' όσον αμφότεραι αι πλευραί εκδηλώνουν διάθεσιν συνεννοήσεως.

Κατά τας πληροφορίας, αι συζητήσεις συνεχίζονται και αναμένεται ότι εντός των προσεχών ημερών θα ανακοινωθούν αι αποφάσεις. Ο εκπρόσωπος της Κυβερνήσεως εδήλωσεν ότι η κατάστασις παρακολουθείται στενώς, και ότι τα αρμόδια όργανα έλαβον όλα τα απαραίτητα μέτρα δια την ομαλήν διεξαγωγήν των εργασιών. Εις τους κύκλους των διπλωματών επικρατεί η γνώμη ότι η εξέλιξις θα είναι ευνοϊκή, καθ' όσον αμφότεραι αι πλευραί εκδηλώνουν διάθεσιν συνεννοήσεως.

ΟΤΤΑΒΑ, 21.

Κατά τας πληροφορίας, αι συζητήσεις συνεχίζονται και αναμένεται ότι εντός των προσεχών ημερών θα ανακοινωθούν αι αποφάσεις. Ο εκπρόσωπος της Κυβερνήσεως εδήλωσεν ότι η κατάστασις παρακολουθείται στενώς, και ότι τα αρμόδια όργανα έλαβον όλα τα απαραίτητα μέτρα δια την ομαλήν διεξαγωγήν των εργασιών. Εις τους κύκλους των διπλωματών επικρατεί η γνώμη ότι η εξέλιξις θα είναι ευνοϊκή, καθ' όσον αμφότεραι αι πλευραί εκδηλώνουν διάθεσιν συνεννοήσεως.

ΔΗΛΩΣΕΙΣ ΚΟΜΜΑΝΤΟΣ
ΚΑΪΡΟΝ, 21.

Κατά τας πληροφορίας, αι συζητήσεις συνεχίζονται και αναμένεται ότι εντός των προσεχών ημερών θα ανακοινωθούν αι αποφάσεις. Ο εκπρόσωπος της Κυβερνήσεως εδήλωσεν ότι η κατάστασις παρακολουθείται στενώς, και ότι τα αρμόδια όργανα έλαβον όλα τα απαραίτητα μέτρα δια την ομαλήν διεξαγωγήν των εργασιών. Εις τους κύκλους των διπλωματών επικρατεί η γνώμη ότι η εξέλιξις θα είναι ευνοϊκή, καθ' όσον αμφότεραι αι πλευραί εκδηλώνουν διάθεσιν συνεννοήσεως.

ΔΕΝ ΠΑΡΑΙΤΕΙΤΑΙ

Κατά τας πληροφορίας, αι συζητήσεις συνεχίζονται και αναμένεται ότι εντός των προσεχών ημερών θα ανακοινωθούν αι αποφάσεις. Ο εκπρόσωπος της Κυβερνήσεως εδήλωσεν ότι η κατάστασις παρακολουθείται στενώς, και ότι τα αρμόδια όργανα έλαβον όλα τα απαραίτητα μέτρα δια την ομαλήν διεξαγωγήν των εργασιών. Εις τους κύκλους των διπλωματών επικρατεί η γνώμη ότι η εξέλιξις θα είναι ευνοϊκή, καθ' όσον αμφότεραι αι πλευραί εκδηλώνουν διάθεσιν συνεννοήσεως.

ΘΕΡΙΝΑΙ ΔΙΑΚΟΠΑΙ

Κατά τας πληροφορίας, αι συζητήσεις συνεχίζονται και αναμένεται ότι εντός των προσεχών ημερών θα ανακοινωθούν αι αποφάσεις. Ο εκπρόσωπος της Κυβερνήσεως εδήλωσεν ότι η κατάστασις παρακολουθείται στενώς, και ότι τα αρμόδια όργανα έλαβον όλα τα απαραίτητα μέτρα δια την ομαλήν διεξαγωγήν των εργασιών. Εις τους κύκλους των διπλωματών επικρατεί η γνώμη ότι η εξέλιξις θα είναι ευνοϊκή, καθ' όσον αμφότεραι αι πλευραί εκδηλώνουν διάθεσιν συνεννοήσεως.

ΔΥΟ ΕΠΙΤΥΧΕΙΣ ΜΕΤΑΜΟΣΧΕΥΣΕΙΣ ΚΑΡΔΙΑΣ ΕΓΕΝΟΝΤΟ ΕΙΣ ΤΟΡΟΝΤΟ ΚΑΙ ΕΙΣ ΜΟΝΤΡΕΑΛ

Κατά τας πληροφορίας, αι συζητήσεις συνεχίζονται και αναμένεται ότι εντός των προσεχών ημερών θα ανακοινωθούν αι αποφάσεις. Ο εκπρόσωπος της Κυβερνήσεως εδήλωσεν ότι η κατάστασις παρακολουθείται στενώς, και ότι τα αρμόδια όργανα έλαβον όλα τα απαραίτητα μέτρα δια την ομαλήν διεξαγωγήν των εργασιών. Εις τους κύκλους των διπλωματών επικρατεί η γνώμη ότι η εξέλιξις θα είναι ευνοϊκή, καθ' όσον αμφότεραι αι πλευραί εκδηλώνουν διάθεσιν συνεννοήσεως.

Κατά τας πληροφορίας, αι συζητήσεις συνεχίζονται και αναμένεται ότι εντός των προσεχών ημερών θα ανακοινωθούν αι αποφάσεις. Ο εκπρόσωπος της Κυβερνήσεως εδήλωσεν ότι η κατάστασις παρακολουθείται στενώς, και ότι τα αρμόδια όργανα έλαβον όλα τα απαραίτητα μέτρα δια την ομαλήν διεξαγωγήν των εργασιών. Εις τους κύκλους των διπλωματών επικρατεί η γνώμη ότι η εξέλιξις θα είναι ευνοϊκή, καθ' όσον αμφότεραι αι πλευραί εκδηλώνουν διάθεσιν συνεννοήσεως.

Η ΓΑΛΛΙΑ ΗΣΚΗΣΕ ΚΑΙ ΠΑΛΙΝ ΤΟ «ΒΕΤΟ» ΚΑΤΑ ΤΗΣ ΕΙΣΟΔΟΥ ΤΗΣ ΑΓΓΛΙΑΣ ΕΙΣ ΤΗΝ ΚΟΙΝΗΝ ΑΓΟΡΑΝ

ΡΩΜΗ, 21. (Αθην. Πρακτ.). Κατά τας πληροφορίας, αι συζητήσεις συνεχίζονται και αναμένεται ότι εντός των προσεχών ημερών θα ανακοινωθούν αι αποφάσεις. Ο εκπρόσωπος της Κυβερνήσεως εδήλωσεν ότι η κατάστασις παρακολουθείται στενώς, και ότι τα αρμόδια όργανα έλαβον όλα τα απαραίτητα μέτρα δια την ομαλήν διεξαγωγήν των εργασιών. Εις τους κύκλους των διπλωματών επικρατεί η γνώμη ότι η εξέλιξις θα είναι ευνοϊκή, καθ' όσον αμφότεραι αι πλευραί εκδηλώνουν διάθεσιν συνεννοήσεως.

Κατά τας πληροφορίας, αι συζητήσεις συνεχίζονται και αναμένεται ότι εντός των προσεχών ημερών θα ανακοινωθούν αι αποφάσεις. Ο εκπρόσωπος της Κυβερνήσεως εδήλωσεν ότι η κατάστασις παρακολουθείται στενώς, και ότι τα αρμόδια όργανα έλαβον όλα τα απαραίτητα μέτρα δια την ομαλήν διεξαγωγήν των εργασιών. Εις τους κύκλους των διπλωματών επικρατεί η γνώμη ότι η εξέλιξις θα είναι ευνοϊκή, καθ' όσον αμφότεραι αι πλευραί εκδηλώνουν διάθεσιν συνεννοήσεως.
